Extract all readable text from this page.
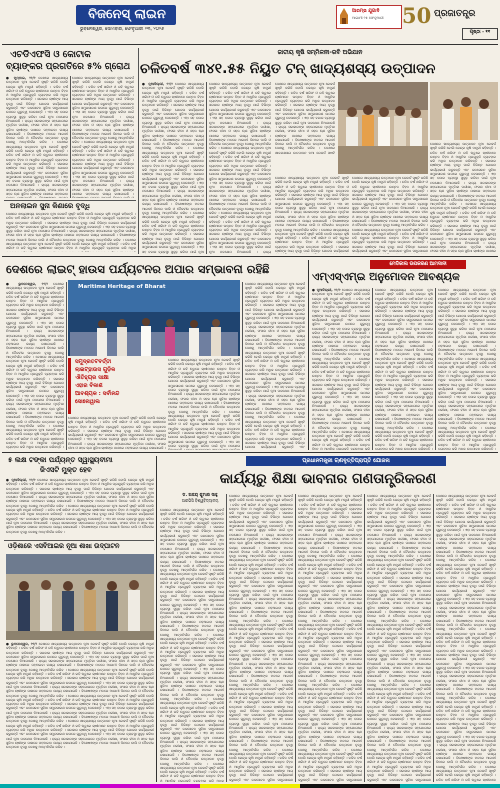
ବିଜନେସ୍ ଲାଇନ
ଭୁବନେଶ୍ୱର, ସୋମବାର, ଫେବୃଆରୀ ୨୩, ୨୦୨୬
ଆରମ୍ଭ ଯୁଗାଦି
ଆଗାମୀ ୨୫ ଫେବୃଆରୀ 50 ପ୍ରଜାତନ୍ତ୍ର
ପୃଷ୍ଠା - ୧୧
ଏଚଡିଏଫସି ଓ କୋଟାକ
ବ୍ୟାଙ୍କର ପ୍ରଗତିରେ ୫% ଗ୍ରୋଥ
● ମୁମ୍ବାଇ, ୨୨/୨ ଦେଶରେ ଖାଦ୍ୟଶସ୍ୟ ଉତ୍ପାଦନ ନୂଆ ରେକର୍ଡ ସୃଷ୍ଟି କରିଛି ବୋଲି କେନ୍ଦ୍ର କୃଷି ମନ୍ତ୍ରୀ କହିଛନ୍ତି । ଚଳିତ ବର୍ଷ ଖରିଫ ଓ ରବି ଋତୁରେ ଚାଷୀମାନେ ଉନ୍ନତ ବିହନ ଓ ଆଧୁନିକ ପ୍ରଯୁକ୍ତି ବ୍ୟବହାର କରି ଅଧିକ ଉତ୍ପାଦନ କରିଛନ୍ତି । ସରକାର ଚାଷୀଙ୍କ ଆୟ ବୃଦ୍ଧି ପାଇଁ ବିଭିନ୍ନ ଯୋଜନା କାର୍ଯ୍ୟକାରୀ କରୁଛନ୍ତି ଏବଂ ଜଳସେଚନ ସୁବିଧା ସମ୍ପ୍ରସାରଣ ଉପରେ ଗୁରୁତ୍ୱ ଦେଉଛନ୍ତି । ଏହା ସହ ବଜାର ବ୍ୟବସ୍ଥା ସୁଦୃଢ଼ କରିବା ପାଇଁ ନୂଆ ପଦକ୍ଷେପ ନିଆଯାଉଛି । ରାଜ୍ୟ ସରକାରଙ୍କ ସହଯୋଗରେ ମୃତ୍ତିକା ପରୀକ୍ଷା, ଫସଲ ବୀମା ଓ ସହଜ ଋଣ ସୁବିଧା ଚାଷୀଙ୍କ ପାଖରେ ପହଞ୍ଚାଇବା ଲକ୍ଷ୍ୟ ରଖାଯାଇଛି । ବିଶେଷଜ୍ଞଙ୍କ ମତରେ ଆଗାମୀ ଦିନରେ ଡାଲି ଓ ତୈଳବୀଜ ଉତ୍ପାଦନ ବୃଦ୍ଧି ଦେଶକୁ ଆତ୍ମନିର୍ଭର କରିବ । ଦେଶରେ ଖାଦ୍ୟଶସ୍ୟ ଉତ୍ପାଦନ ନୂଆ ରେକର୍ଡ ସୃଷ୍ଟି କରିଛି ବୋଲି କେନ୍ଦ୍ର କୃଷି ମନ୍ତ୍ରୀ କହିଛନ୍ତି । ଚଳିତ ବର୍ଷ ଖରିଫ ଓ ରବି ଋତୁରେ ଚାଷୀମାନେ ଉନ୍ନତ ବିହନ ଓ ଆଧୁନିକ ପ୍ରଯୁକ୍ତି ବ୍ୟବହାର କରି ଅଧିକ ଉତ୍ପାଦନ କରିଛନ୍ତି । ସରକାର ଚାଷୀଙ୍କ ଆୟ ବୃଦ୍ଧି ପାଇଁ ବିଭିନ୍ନ ଯୋଜନା କାର୍ଯ୍ୟକାରୀ କରୁଛନ୍ତି ଏବଂ ଜଳସେଚନ ସୁବିଧା ସମ୍ପ୍ରସାରଣ ଉପରେ ଗୁରୁତ୍ୱ ଦେଉଛନ୍ତି । ଏହା ସହ ବଜାର ବ୍ୟବସ୍ଥା ସୁଦୃଢ଼ କରିବା ପାଇଁ ନୂଆ ପଦକ୍ଷେପ ନିଆଯାଉଛି । ରାଜ୍ୟ ସରକାରଙ୍କ ସହଯୋଗରେ ମୃତ୍ତିକା ପରୀକ୍ଷା, ଫସଲ ବୀମା ଓ ସହଜ ଋଣ ସୁବିଧା ଚାଷୀଙ୍କ ପାଖରେ ପହଞ୍ଚାଇବା
ଦେଶରେ ଖାଦ୍ୟଶସ୍ୟ ଉତ୍ପାଦନ ନୂଆ ରେକର୍ଡ ସୃଷ୍ଟି କରିଛି ବୋଲି କେନ୍ଦ୍ର କୃଷି ମନ୍ତ୍ରୀ କହିଛନ୍ତି । ଚଳିତ ବର୍ଷ ଖରିଫ ଓ ରବି ଋତୁରେ ଚାଷୀମାନେ ଉନ୍ନତ ବିହନ ଓ ଆଧୁନିକ ପ୍ରଯୁକ୍ତି ବ୍ୟବହାର କରି ଅଧିକ ଉତ୍ପାଦନ କରିଛନ୍ତି । ସରକାର ଚାଷୀଙ୍କ ଆୟ ବୃଦ୍ଧି ପାଇଁ ବିଭିନ୍ନ ଯୋଜନା କାର୍ଯ୍ୟକାରୀ କରୁଛନ୍ତି ଏବଂ ଜଳସେଚନ ସୁବିଧା ସମ୍ପ୍ରସାରଣ ଉପରେ ଗୁରୁତ୍ୱ ଦେଉଛନ୍ତି । ଏହା ସହ ବଜାର ବ୍ୟବସ୍ଥା ସୁଦୃଢ଼ କରିବା ପାଇଁ ନୂଆ ପଦକ୍ଷେପ ନିଆଯାଉଛି । ରାଜ୍ୟ ସରକାରଙ୍କ ସହଯୋଗରେ ମୃତ୍ତିକା ପରୀକ୍ଷା, ଫସଲ ବୀମା ଓ ସହଜ ଋଣ ସୁବିଧା ଚାଷୀଙ୍କ ପାଖରେ ପହଞ୍ଚାଇବା ଲକ୍ଷ୍ୟ ରଖାଯାଇଛି । ବିଶେଷଜ୍ଞଙ୍କ ମତରେ ଆଗାମୀ ଦିନରେ ଡାଲି ଓ ତୈଳବୀଜ ଉତ୍ପାଦନ ବୃଦ୍ଧି ଦେଶକୁ ଆତ୍ମନିର୍ଭର କରିବ । ଦେଶରେ ଖାଦ୍ୟଶସ୍ୟ ଉତ୍ପାଦନ ନୂଆ ରେକର୍ଡ ସୃଷ୍ଟି କରିଛି ବୋଲି କେନ୍ଦ୍ର କୃଷି ମନ୍ତ୍ରୀ କହିଛନ୍ତି । ଚଳିତ ବର୍ଷ ଖରିଫ ଓ ରବି ଋତୁରେ ଚାଷୀମାନେ ଉନ୍ନତ ବିହନ ଓ ଆଧୁନିକ ପ୍ରଯୁକ୍ତି ବ୍ୟବହାର କରି ଅଧିକ ଉତ୍ପାଦନ କରିଛନ୍ତି । ସରକାର ଚାଷୀଙ୍କ ଆୟ ବୃଦ୍ଧି ପାଇଁ ବିଭିନ୍ନ ଯୋଜନା କାର୍ଯ୍ୟକାରୀ କରୁଛନ୍ତି ଏବଂ ଜଳସେଚନ ସୁବିଧା ସମ୍ପ୍ରସାରଣ ଉପରେ ଗୁରୁତ୍ୱ ଦେଉଛନ୍ତି । ଏହା ସହ ବଜାର ବ୍ୟବସ୍ଥା ସୁଦୃଢ଼ କରିବା ପାଇଁ ନୂଆ ପଦକ୍ଷେପ ନିଆଯାଉଛି । ରାଜ୍ୟ ସରକାରଙ୍କ ସହଯୋଗରେ ମୃତ୍ତିକା ପରୀକ୍ଷା, ଫସଲ ବୀମା ଓ ସହଜ ଋଣ ସୁବିଧା ଚାଷୀଙ୍କ ପାଖରେ ପହଞ୍ଚାଇବା ଲକ୍ଷ୍ୟ ରଖାଯାଇଛି ।
ଅନଲାଇନ ସୁନା କିଣାରେ ବୃଦ୍ଧି
ଦେଶରେ ଖାଦ୍ୟଶସ୍ୟ ଉତ୍ପାଦନ ନୂଆ ରେକର୍ଡ ସୃଷ୍ଟି କରିଛି ବୋଲି କେନ୍ଦ୍ର କୃଷି ମନ୍ତ୍ରୀ କହିଛନ୍ତି । ଚଳିତ ବର୍ଷ ଖରିଫ ଓ ରବି ଋତୁରେ ଚାଷୀମାନେ ଉନ୍ନତ ବିହନ ଓ ଆଧୁନିକ ପ୍ରଯୁକ୍ତି ବ୍ୟବହାର କରି ଅଧିକ ଉତ୍ପାଦନ କରିଛନ୍ତି । ସରକାର ଚାଷୀଙ୍କ ଆୟ ବୃଦ୍ଧି ପାଇଁ ବିଭିନ୍ନ ଯୋଜନା କାର୍ଯ୍ୟକାରୀ କରୁଛନ୍ତି ଏବଂ ଜଳସେଚନ ସୁବିଧା ସମ୍ପ୍ରସାରଣ ଉପରେ ଗୁରୁତ୍ୱ ଦେଉଛନ୍ତି । ଏହା ସହ ବଜାର ବ୍ୟବସ୍ଥା ସୁଦୃଢ଼ କରିବା ପାଇଁ ନୂଆ ପଦକ୍ଷେପ ନିଆଯାଉଛି । ରାଜ୍ୟ ସରକାରଙ୍କ ସହଯୋଗରେ ମୃତ୍ତିକା ପରୀକ୍ଷା, ଫସଲ ବୀମା ଓ ସହଜ ଋଣ ସୁବିଧା ଚାଷୀଙ୍କ ପାଖରେ ପହଞ୍ଚାଇବା ଲକ୍ଷ୍ୟ ରଖାଯାଇଛି । ବିଶେଷଜ୍ଞଙ୍କ ମତରେ ଆଗାମୀ ଦିନରେ ଡାଲି ଓ ତୈଳବୀଜ ଉତ୍ପାଦନ ବୃଦ୍ଧି ଦେଶକୁ ଆତ୍ମନିର୍ଭର କରିବ । ଦେଶରେ ଖାଦ୍ୟଶସ୍ୟ ଉତ୍ପାଦନ ନୂଆ ରେକର୍ଡ ସୃଷ୍ଟି କରିଛି ବୋଲି କେନ୍ଦ୍ର କୃଷି ମନ୍ତ୍ରୀ କହିଛନ୍ତି । ଚଳିତ ବର୍ଷ ଖରିଫ ଓ ରବି ଋତୁରେ ଚାଷୀମାନେ ଉନ୍ନତ ବିହନ ଓ ଆଧୁନିକ ପ୍ରଯୁକ୍ତି ବ୍ୟବହାର କରି ଅଧିକ
ଜାତୀୟ କୃଷି ସମ୍ମିଳନୀ-ରବି ଅଭିଯାନ
ଚଳିତବର୍ଷ ୩୪୧.୫୫ ନିୟୁତ ଟନ୍ ଖାଦ୍ୟଶସ୍ୟ ଉତ୍ପାଦନ
● ନୂଆଦିଲ୍ଲୀ, ୨୨/୨ ଦେଶରେ ଖାଦ୍ୟଶସ୍ୟ ଉତ୍ପାଦନ ନୂଆ ରେକର୍ଡ ସୃଷ୍ଟି କରିଛି ବୋଲି କେନ୍ଦ୍ର କୃଷି ମନ୍ତ୍ରୀ କହିଛନ୍ତି । ଚଳିତ ବର୍ଷ ଖରିଫ ଓ ରବି ଋତୁରେ ଚାଷୀମାନେ ଉନ୍ନତ ବିହନ ଓ ଆଧୁନିକ ପ୍ରଯୁକ୍ତି ବ୍ୟବହାର କରି ଅଧିକ ଉତ୍ପାଦନ କରିଛନ୍ତି । ସରକାର ଚାଷୀଙ୍କ ଆୟ ବୃଦ୍ଧି ପାଇଁ ବିଭିନ୍ନ ଯୋଜନା କାର୍ଯ୍ୟକାରୀ କରୁଛନ୍ତି ଏବଂ ଜଳସେଚନ ସୁବିଧା ସମ୍ପ୍ରସାରଣ ଉପରେ ଗୁରୁତ୍ୱ ଦେଉଛନ୍ତି । ଏହା ସହ ବଜାର ବ୍ୟବସ୍ଥା ସୁଦୃଢ଼ କରିବା ପାଇଁ ନୂଆ ପଦକ୍ଷେପ ନିଆଯାଉଛି । ରାଜ୍ୟ ସରକାରଙ୍କ ସହଯୋଗରେ ମୃତ୍ତିକା ପରୀକ୍ଷା, ଫସଲ ବୀମା ଓ ସହଜ ଋଣ ସୁବିଧା ଚାଷୀଙ୍କ ପାଖରେ ପହଞ୍ଚାଇବା ଲକ୍ଷ୍ୟ ରଖାଯାଇଛି । ବିଶେଷଜ୍ଞଙ୍କ ମତରେ ଆଗାମୀ ଦିନରେ ଡାଲି ଓ ତୈଳବୀଜ ଉତ୍ପାଦନ ବୃଦ୍ଧି ଦେଶକୁ ଆତ୍ମନିର୍ଭର କରିବ । ଦେଶରେ ଖାଦ୍ୟଶସ୍ୟ ଉତ୍ପାଦନ ନୂଆ ରେକର୍ଡ ସୃଷ୍ଟି କରିଛି ବୋଲି କେନ୍ଦ୍ର କୃଷି ମନ୍ତ୍ରୀ କହିଛନ୍ତି । ଚଳିତ ବର୍ଷ ଖରିଫ ଓ ରବି ଋତୁରେ ଚାଷୀମାନେ ଉନ୍ନତ ବିହନ ଓ ଆଧୁନିକ ପ୍ରଯୁକ୍ତି ବ୍ୟବହାର କରି ଅଧିକ ଉତ୍ପାଦନ କରିଛନ୍ତି । ସରକାର ଚାଷୀଙ୍କ ଆୟ ବୃଦ୍ଧି ପାଇଁ ବିଭିନ୍ନ ଯୋଜନା କାର୍ଯ୍ୟକାରୀ କରୁଛନ୍ତି ଏବଂ ଜଳସେଚନ ସୁବିଧା ସମ୍ପ୍ରସାରଣ ଉପରେ ଗୁରୁତ୍ୱ ଦେଉଛନ୍ତି । ଏହା ସହ ବଜାର ବ୍ୟବସ୍ଥା ସୁଦୃଢ଼ କରିବା ପାଇଁ ନୂଆ ପଦକ୍ଷେପ ନିଆଯାଉଛି । ରାଜ୍ୟ ସରକାରଙ୍କ ସହଯୋଗରେ ମୃତ୍ତିକା ପରୀକ୍ଷା, ଫସଲ ବୀମା ଓ ସହଜ ଋଣ ସୁବିଧା ଚାଷୀଙ୍କ ପାଖରେ ପହଞ୍ଚାଇବା ଲକ୍ଷ୍ୟ ରଖାଯାଇଛି । ବିଶେଷଜ୍ଞଙ୍କ ମତରେ ଆଗାମୀ ଦିନରେ ଡାଲି ଓ ତୈଳବୀଜ ଉତ୍ପାଦନ ବୃଦ୍ଧି ଦେଶକୁ ଆତ୍ମନିର୍ଭର କରିବ । ଦେଶରେ ଖାଦ୍ୟଶସ୍ୟ ଉତ୍ପାଦନ ନୂଆ ରେକର୍ଡ ସୃଷ୍ଟି କରିଛି ବୋଲି କେନ୍ଦ୍ର କୃଷି ମନ୍ତ୍ରୀ କହିଛନ୍ତି । ଚଳିତ ବର୍ଷ ଖରିଫ ଓ ରବି ଋତୁରେ ଚାଷୀମାନେ ଉନ୍ନତ ବିହନ ଓ ଆଧୁନିକ ପ୍ରଯୁକ୍ତି ବ୍ୟବହାର କରି ଅଧିକ ଉତ୍ପାଦନ କରିଛନ୍ତି । ସରକାର ଚାଷୀଙ୍କ ଆୟ ବୃଦ୍ଧି ପାଇଁ ବିଭିନ୍ନ ଯୋଜନା କାର୍ଯ୍ୟକାରୀ କରୁଛନ୍ତି ଏବଂ ଜଳସେଚନ ସୁବିଧା ସମ୍ପ୍ରସାରଣ ଉପରେ ଗୁରୁତ୍ୱ ଦେଉଛନ୍ତି । ଏହା ସହ ବଜାର ବ୍ୟବସ୍ଥା ସୁଦୃଢ଼ କରିବା ପାଇଁ ନୂଆ
ଦେଶରେ ଖାଦ୍ୟଶସ୍ୟ ଉତ୍ପାଦନ ନୂଆ ରେକର୍ଡ ସୃଷ୍ଟି କରିଛି ବୋଲି କେନ୍ଦ୍ର କୃଷି ମନ୍ତ୍ରୀ କହିଛନ୍ତି । ଚଳିତ ବର୍ଷ ଖରିଫ ଓ ରବି ଋତୁରେ ଚାଷୀମାନେ ଉନ୍ନତ ବିହନ ଓ ଆଧୁନିକ ପ୍ରଯୁକ୍ତି ବ୍ୟବହାର କରି ଅଧିକ ଉତ୍ପାଦନ କରିଛନ୍ତି । ସରକାର ଚାଷୀଙ୍କ ଆୟ ବୃଦ୍ଧି ପାଇଁ ବିଭିନ୍ନ ଯୋଜନା କାର୍ଯ୍ୟକାରୀ କରୁଛନ୍ତି ଏବଂ ଜଳସେଚନ ସୁବିଧା ସମ୍ପ୍ରସାରଣ ଉପରେ ଗୁରୁତ୍ୱ ଦେଉଛନ୍ତି । ଏହା ସହ ବଜାର ବ୍ୟବସ୍ଥା ସୁଦୃଢ଼ କରିବା ପାଇଁ ନୂଆ ପଦକ୍ଷେପ ନିଆଯାଉଛି । ରାଜ୍ୟ ସରକାରଙ୍କ ସହଯୋଗରେ ମୃତ୍ତିକା ପରୀକ୍ଷା, ଫସଲ ବୀମା ଓ ସହଜ ଋଣ ସୁବିଧା ଚାଷୀଙ୍କ ପାଖରେ ପହଞ୍ଚାଇବା ଲକ୍ଷ୍ୟ ରଖାଯାଇଛି । ବିଶେଷଜ୍ଞଙ୍କ ମତରେ ଆଗାମୀ ଦିନରେ ଡାଲି ଓ ତୈଳବୀଜ ଉତ୍ପାଦନ ବୃଦ୍ଧି ଦେଶକୁ ଆତ୍ମନିର୍ଭର କରିବ । ଦେଶରେ ଖାଦ୍ୟଶସ୍ୟ ଉତ୍ପାଦନ ନୂଆ ରେକର୍ଡ ସୃଷ୍ଟି କରିଛି ବୋଲି କେନ୍ଦ୍ର କୃଷି ମନ୍ତ୍ରୀ କହିଛନ୍ତି । ଚଳିତ ବର୍ଷ ଖରିଫ ଓ ରବି ଋତୁରେ ଚାଷୀମାନେ ଉନ୍ନତ ବିହନ ଓ ଆଧୁନିକ ପ୍ରଯୁକ୍ତି ବ୍ୟବହାର କରି ଅଧିକ ଉତ୍ପାଦନ କରିଛନ୍ତି । ସରକାର ଚାଷୀଙ୍କ ଆୟ ବୃଦ୍ଧି ପାଇଁ ବିଭିନ୍ନ ଯୋଜନା କାର୍ଯ୍ୟକାରୀ କରୁଛନ୍ତି ଏବଂ ଜଳସେଚନ ସୁବିଧା ସମ୍ପ୍ରସାରଣ ଉପରେ ଗୁରୁତ୍ୱ ଦେଉଛନ୍ତି । ଏହା ସହ ବଜାର ବ୍ୟବସ୍ଥା ସୁଦୃଢ଼ କରିବା ପାଇଁ ନୂଆ ପଦକ୍ଷେପ ନିଆଯାଉଛି । ରାଜ୍ୟ ସରକାରଙ୍କ ସହଯୋଗରେ ମୃତ୍ତିକା ପରୀକ୍ଷା, ଫସଲ ବୀମା ଓ ସହଜ ଋଣ ସୁବିଧା ଚାଷୀଙ୍କ ପାଖରେ ପହଞ୍ଚାଇବା ଲକ୍ଷ୍ୟ ରଖାଯାଇଛି । ବିଶେଷଜ୍ଞଙ୍କ ମତରେ ଆଗାମୀ ଦିନରେ ଡାଲି ଓ ତୈଳବୀଜ ଉତ୍ପାଦନ ବୃଦ୍ଧି ଦେଶକୁ ଆତ୍ମନିର୍ଭର କରିବ । ଦେଶରେ ଖାଦ୍ୟଶସ୍ୟ ଉତ୍ପାଦନ ନୂଆ ରେକର୍ଡ ସୃଷ୍ଟି କରିଛି ବୋଲି କେନ୍ଦ୍ର କୃଷି ମନ୍ତ୍ରୀ କହିଛନ୍ତି । ଚଳିତ ବର୍ଷ ଖରିଫ ଓ ରବି ଋତୁରେ ଚାଷୀମାନେ ଉନ୍ନତ ବିହନ ଓ ଆଧୁନିକ ପ୍ରଯୁକ୍ତି ବ୍ୟବହାର କରି ଅଧିକ ଉତ୍ପାଦନ କରିଛନ୍ତି । ସରକାର ଚାଷୀଙ୍କ ଆୟ ବୃଦ୍ଧି ପାଇଁ ବିଭିନ୍ନ ଯୋଜନା କାର୍ଯ୍ୟକାରୀ କରୁଛନ୍ତି ଏବଂ ଜଳସେଚନ ସୁବିଧା ସମ୍ପ୍ରସାରଣ ଉପରେ ଗୁରୁତ୍ୱ ଦେଉଛନ୍ତି । ଏହା ସହ ବଜାର ବ୍ୟବସ୍ଥା ସୁଦୃଢ଼ କରିବା ପାଇଁ ନୂଆ ପଦକ୍ଷେପ ନିଆଯାଉଛି । ରାଜ୍ୟ
ଦେଶରେ ଖାଦ୍ୟଶସ୍ୟ ଉତ୍ପାଦନ ନୂଆ ରେକର୍ଡ ସୃଷ୍ଟି କରିଛି ବୋଲି କେନ୍ଦ୍ର କୃଷି ମନ୍ତ୍ରୀ କହିଛନ୍ତି । ଚଳିତ ବର୍ଷ ଖରିଫ ଓ ରବି ଋତୁରେ ଚାଷୀମାନେ ଉନ୍ନତ ବିହନ ଓ ଆଧୁନିକ ପ୍ରଯୁକ୍ତି ବ୍ୟବହାର କରି ଅଧିକ ଉତ୍ପାଦନ କରିଛନ୍ତି । ସରକାର ଚାଷୀଙ୍କ ଆୟ ବୃଦ୍ଧି ପାଇଁ ବିଭିନ୍ନ ଯୋଜନା କାର୍ଯ୍ୟକାରୀ କରୁଛନ୍ତି ଏବଂ ଜଳସେଚନ ସୁବିଧା ସମ୍ପ୍ରସାରଣ ଉପରେ ଗୁରୁତ୍ୱ ଦେଉଛନ୍ତି । ଏହା ସହ ବଜାର ବ୍ୟବସ୍ଥା ସୁଦୃଢ଼ କରିବା ପାଇଁ ନୂଆ ପଦକ୍ଷେପ ନିଆଯାଉଛି । ରାଜ୍ୟ ସରକାରଙ୍କ ସହଯୋଗରେ ମୃତ୍ତିକା ପରୀକ୍ଷା, ଫସଲ ବୀମା ଓ ସହଜ ଋଣ ସୁବିଧା ଚାଷୀଙ୍କ ପାଖରେ ପହଞ୍ଚାଇବା ଲକ୍ଷ୍ୟ ରଖାଯାଇଛି । ବିଶେଷଜ୍ଞଙ୍କ ମତରେ ଆଗାମୀ ଦିନରେ ଡାଲି ଓ ତୈଳବୀଜ ଉତ୍ପାଦନ ବୃଦ୍ଧି ଦେଶକୁ ଆତ୍ମନିର୍ଭର କରିବ । ଦେଶରେ ଖାଦ୍ୟଶସ୍ୟ ଉତ୍ପାଦନ ନୂଆ ରେକର୍ଡ ସୃଷ୍ଟି
ଦେଶରେ ଖାଦ୍ୟଶସ୍ୟ ଉତ୍ପାଦନ ନୂଆ ରେକର୍ଡ ସୃଷ୍ଟି କରିଛି ବୋଲି କେନ୍ଦ୍ର କୃଷି ମନ୍ତ୍ରୀ କହିଛନ୍ତି । ଚଳିତ ବର୍ଷ ଖରିଫ ଓ ରବି ଋତୁରେ ଚାଷୀମାନେ ଉନ୍ନତ ବିହନ ଓ ଆଧୁନିକ ପ୍ରଯୁକ୍ତି ବ୍ୟବହାର କରି ଅଧିକ ଉତ୍ପାଦନ କରିଛନ୍ତି । ସରକାର ଚାଷୀଙ୍କ ଆୟ ବୃଦ୍ଧି ପାଇଁ ବିଭିନ୍ନ ଯୋଜନା କାର୍ଯ୍ୟକାରୀ କରୁଛନ୍ତି ଏବଂ ଜଳସେଚନ ସୁବିଧା ସମ୍ପ୍ରସାରଣ ଉପରେ ଗୁରୁତ୍ୱ ଦେଉଛନ୍ତି । ଏହା ସହ ବଜାର ବ୍ୟବସ୍ଥା ସୁଦୃଢ଼ କରିବା ପାଇଁ ନୂଆ ପଦକ୍ଷେପ ନିଆଯାଉଛି । ରାଜ୍ୟ ସରକାରଙ୍କ ସହଯୋଗରେ ମୃତ୍ତିକା ପରୀକ୍ଷା, ଫସଲ ବୀମା ଓ ସହଜ ଋଣ ସୁବିଧା ଚାଷୀଙ୍କ ପାଖରେ ପହଞ୍ଚାଇବା ଲକ୍ଷ୍ୟ ରଖାଯାଇଛି । ବିଶେଷଜ୍ଞଙ୍କ ମତରେ ଆଗାମୀ ଦିନରେ ଡାଲି ଓ ତୈଳବୀଜ ଉତ୍ପାଦନ ବୃଦ୍ଧି ଦେଶକୁ ଆତ୍ମନିର୍ଭର କରିବ । ଦେଶରେ ଖାଦ୍ୟଶସ୍ୟ ଉତ୍ପାଦନ ନୂଆ ରେକର୍ଡ ସୃଷ୍ଟି କରିଛି ବୋଲି କେନ୍ଦ୍ର କୃଷି ମନ୍ତ୍ରୀ କହିଛନ୍ତି । ଚଳିତ ବର୍ଷ ଖରିଫ ଓ ରବି ଋତୁରେ ଚାଷୀମାନେ ଉନ୍ନତ ବିହନ ଓ ଆଧୁନିକ ପ୍ରଯୁକ୍ତି ବ୍ୟବହାର କରି ଅଧିକ ଉତ୍ପାଦନ କରିଛନ୍ତି । ସରକାର ଚାଷୀଙ୍କ ଆୟ ବୃଦ୍ଧି ପାଇଁ ବିଭିନ୍ନ ଯୋଜନା କାର୍ଯ୍ୟକାରୀ କରୁଛନ୍ତି ଏବଂ ଜଳସେଚନ ସୁବିଧା ସମ୍ପ୍ରସାରଣ ଉପରେ ଗୁରୁତ୍ୱ ଦେଉଛନ୍ତି । ଏହା ସହ ବଜାର ବ୍ୟବସ୍ଥା ସୁଦୃଢ଼ କରିବା ପାଇଁ ନୂଆ ପଦକ୍ଷେପ ନିଆଯାଉଛି । ରାଜ୍ୟ ସରକାରଙ୍କ ସହଯୋଗରେ ମୃତ୍ତିକା ପରୀକ୍ଷା, ଫସଲ ବୀମା ଓ ସହଜ ଋଣ ସୁବିଧା ଚାଷୀଙ୍କ ପାଖରେ
ଦେଶରେ ଖାଦ୍ୟଶସ୍ୟ ଉତ୍ପାଦନ ନୂଆ ରେକର୍ଡ ସୃଷ୍ଟି କରିଛି ବୋଲି କେନ୍ଦ୍ର କୃଷି ମନ୍ତ୍ରୀ କହିଛନ୍ତି । ଚଳିତ ବର୍ଷ ଖରିଫ ଓ ରବି ଋତୁରେ ଚାଷୀମାନେ ଉନ୍ନତ ବିହନ ଓ ଆଧୁନିକ ପ୍ରଯୁକ୍ତି ବ୍ୟବହାର କରି ଅଧିକ ଉତ୍ପାଦନ କରିଛନ୍ତି । ସରକାର ଚାଷୀଙ୍କ ଆୟ ବୃଦ୍ଧି ପାଇଁ ବିଭିନ୍ନ ଯୋଜନା କାର୍ଯ୍ୟକାରୀ କରୁଛନ୍ତି ଏବଂ ଜଳସେଚନ ସୁବିଧା ସମ୍ପ୍ରସାରଣ ଉପରେ ଗୁରୁତ୍ୱ ଦେଉଛନ୍ତି । ଏହା ସହ ବଜାର ବ୍ୟବସ୍ଥା ସୁଦୃଢ଼ କରିବା ପାଇଁ ନୂଆ ପଦକ୍ଷେପ ନିଆଯାଉଛି । ରାଜ୍ୟ ସରକାରଙ୍କ ସହଯୋଗରେ ମୃତ୍ତିକା ପରୀକ୍ଷା, ଫସଲ ବୀମା ଓ ସହଜ ଋଣ ସୁବିଧା ଚାଷୀଙ୍କ ପାଖରେ ପହଞ୍ଚାଇବା ଲକ୍ଷ୍ୟ ରଖାଯାଇଛି । ବିଶେଷଜ୍ଞଙ୍କ ମତରେ ଆଗାମୀ ଦିନରେ ଡାଲି ଓ ତୈଳବୀଜ ଉତ୍ପାଦନ ବୃଦ୍ଧି ଦେଶକୁ ଆତ୍ମନିର୍ଭର କରିବ । ଦେଶରେ ଖାଦ୍ୟଶସ୍ୟ ଉତ୍ପାଦନ ନୂଆ ରେକର୍ଡ ସୃଷ୍ଟି କରିଛି ବୋଲି କେନ୍ଦ୍ର କୃଷି ମନ୍ତ୍ରୀ କହିଛନ୍ତି । ଚଳିତ ବର୍ଷ ଖରିଫ ଓ ରବି ଋତୁରେ ଚାଷୀମାନେ ଉନ୍ନତ ବିହନ ଓ ଆଧୁନିକ ପ୍ରଯୁକ୍ତି ବ୍ୟବହାର କରି ଅଧିକ ଉତ୍ପାଦନ କରିଛନ୍ତି । ସରକାର ଚାଷୀଙ୍କ ଆୟ ବୃଦ୍ଧି ପାଇଁ ବିଭିନ୍ନ ଯୋଜନା କାର୍ଯ୍ୟକାରୀ
ଦେଶରେ ଖାଦ୍ୟଶସ୍ୟ ଉତ୍ପାଦନ ନୂଆ ରେକର୍ଡ ସୃଷ୍ଟି କରିଛି ବୋଲି କେନ୍ଦ୍ର କୃଷି ମନ୍ତ୍ରୀ କହିଛନ୍ତି । ଚଳିତ ବର୍ଷ ଖରିଫ ଓ ରବି ଋତୁରେ ଚାଷୀମାନେ ଉନ୍ନତ ବିହନ ଓ ଆଧୁନିକ ପ୍ରଯୁକ୍ତି ବ୍ୟବହାର କରି ଅଧିକ ଉତ୍ପାଦନ କରିଛନ୍ତି । ସରକାର ଚାଷୀଙ୍କ ଆୟ ବୃଦ୍ଧି ପାଇଁ ବିଭିନ୍ନ ଯୋଜନା କାର୍ଯ୍ୟକାରୀ କରୁଛନ୍ତି ଏବଂ ଜଳସେଚନ ସୁବିଧା ସମ୍ପ୍ରସାରଣ ଉପରେ ଗୁରୁତ୍ୱ ଦେଉଛନ୍ତି । ଏହା ସହ ବଜାର ବ୍ୟବସ୍ଥା ସୁଦୃଢ଼ କରିବା ପାଇଁ ନୂଆ ପଦକ୍ଷେପ ନିଆଯାଉଛି । ରାଜ୍ୟ ସରକାରଙ୍କ ସହଯୋଗରେ ମୃତ୍ତିକା ପରୀକ୍ଷା, ଫସଲ ବୀମା ଓ ସହଜ ଋଣ ସୁବିଧା ଚାଷୀଙ୍କ ପାଖରେ ପହଞ୍ଚାଇବା ଲକ୍ଷ୍ୟ ରଖାଯାଇଛି । ବିଶେଷଜ୍ଞଙ୍କ ମତରେ ଆଗାମୀ ଦିନରେ ଡାଲି ଓ ତୈଳବୀଜ ଉତ୍ପାଦନ ବୃଦ୍ଧି ଦେଶକୁ ଆତ୍ମନିର୍ଭର କରିବ । ଦେଶରେ ଖାଦ୍ୟଶସ୍ୟ ଉତ୍ପାଦନ ନୂଆ ରେକର୍ଡ ସୃଷ୍ଟି କରିଛି ବୋଲି କେନ୍ଦ୍ର କୃଷି ମନ୍ତ୍ରୀ କହିଛନ୍ତି । ଚଳିତ ବର୍ଷ ଖରିଫ ଓ ରବି ଋତୁରେ ଚାଷୀମାନେ ଉନ୍ନତ ବିହନ ଓ ଆଧୁନିକ ପ୍ରଯୁକ୍ତି ବ୍ୟବହାର କରି ଅଧିକ ଉତ୍ପାଦନ କରିଛନ୍ତି । ସରକାର ଚାଷୀଙ୍କ ଆୟ ବୃଦ୍ଧି ପାଇଁ ବିଭିନ୍ନ ଯୋଜନା କାର୍ଯ୍ୟକାରୀ କରୁଛନ୍ତି ଏବଂ ଜଳସେଚନ ସୁବିଧା ସମ୍ପ୍ରସାରଣ
ଦେଶରେ ଲାଇଟ୍ ହାଉସ ପର୍ଯ୍ୟଟନର ଅପାର ସମ୍ଭାବନା ରହିଛି
● ଭୁବନେଶ୍ୱର, ୨୨/୨ ଦେଶରେ ଖାଦ୍ୟଶସ୍ୟ ଉତ୍ପାଦନ ନୂଆ ରେକର୍ଡ ସୃଷ୍ଟି କରିଛି ବୋଲି କେନ୍ଦ୍ର କୃଷି ମନ୍ତ୍ରୀ କହିଛନ୍ତି । ଚଳିତ ବର୍ଷ ଖରିଫ ଓ ରବି ଋତୁରେ ଚାଷୀମାନେ ଉନ୍ନତ ବିହନ ଓ ଆଧୁନିକ ପ୍ରଯୁକ୍ତି ବ୍ୟବହାର କରି ଅଧିକ ଉତ୍ପାଦନ କରିଛନ୍ତି । ସରକାର ଚାଷୀଙ୍କ ଆୟ ବୃଦ୍ଧି ପାଇଁ ବିଭିନ୍ନ ଯୋଜନା କାର୍ଯ୍ୟକାରୀ କରୁଛନ୍ତି ଏବଂ ଜଳସେଚନ ସୁବିଧା ସମ୍ପ୍ରସାରଣ ଉପରେ ଗୁରୁତ୍ୱ ଦେଉଛନ୍ତି । ଏହା ସହ ବଜାର ବ୍ୟବସ୍ଥା ସୁଦୃଢ଼ କରିବା ପାଇଁ ନୂଆ ପଦକ୍ଷେପ ନିଆଯାଉଛି । ରାଜ୍ୟ ସରକାରଙ୍କ ସହଯୋଗରେ ମୃତ୍ତିକା ପରୀକ୍ଷା, ଫସଲ ବୀମା ଓ ସହଜ ଋଣ ସୁବିଧା ଚାଷୀଙ୍କ ପାଖରେ ପହଞ୍ଚାଇବା ଲକ୍ଷ୍ୟ ରଖାଯାଇଛି । ବିଶେଷଜ୍ଞଙ୍କ ମତରେ ଆଗାମୀ ଦିନରେ ଡାଲି ଓ ତୈଳବୀଜ ଉତ୍ପାଦନ ବୃଦ୍ଧି ଦେଶକୁ ଆତ୍ମନିର୍ଭର କରିବ । ଦେଶରେ ଖାଦ୍ୟଶସ୍ୟ ଉତ୍ପାଦନ ନୂଆ ରେକର୍ଡ ସୃଷ୍ଟି କରିଛି ବୋଲି କେନ୍ଦ୍ର କୃଷି ମନ୍ତ୍ରୀ କହିଛନ୍ତି । ଚଳିତ ବର୍ଷ ଖରିଫ ଓ ରବି ଋତୁରେ ଚାଷୀମାନେ ଉନ୍ନତ ବିହନ ଓ ଆଧୁନିକ ପ୍ରଯୁକ୍ତି ବ୍ୟବହାର କରି ଅଧିକ ଉତ୍ପାଦନ କରିଛନ୍ତି । ସରକାର ଚାଷୀଙ୍କ ଆୟ ବୃଦ୍ଧି ପାଇଁ ବିଭିନ୍ନ ଯୋଜନା କାର୍ଯ୍ୟକାରୀ କରୁଛନ୍ତି ଏବଂ ଜଳସେଚନ ସୁବିଧା ସମ୍ପ୍ରସାରଣ ଉପରେ ଗୁରୁତ୍ୱ ଦେଉଛନ୍ତି । ଏହା ସହ ବଜାର ବ୍ୟବସ୍ଥା ସୁଦୃଢ଼ କରିବା ପାଇଁ ନୂଆ ପଦକ୍ଷେପ ନିଆଯାଉଛି । ରାଜ୍ୟ ସରକାରଙ୍କ ସହଯୋଗରେ ମୃତ୍ତିକା ପରୀକ୍ଷା, ଫସଲ ବୀମା ଓ ସହଜ ଋଣ ସୁବିଧା ଚାଷୀଙ୍କ ପାଖରେ ପହଞ୍ଚାଇବା ଲକ୍ଷ୍ୟ ରଖାଯାଇଛି । ବିଶେଷଜ୍ଞଙ୍କ ମତରେ ଆଗାମୀ ଦିନରେ ଡାଲି ଓ ତୈଳବୀଜ ଉତ୍ପାଦନ ବୃଦ୍ଧି ଦେଶକୁ ଆତ୍ମନିର୍ଭର କରିବ । ଦେଶରେ ଖାଦ୍ୟଶସ୍ୟ ଉତ୍ପାଦନ ନୂଆ ରେକର୍ଡ ସୃଷ୍ଟି କରିଛି ବୋଲି କେନ୍ଦ୍ର କୃଷି ମନ୍ତ୍ରୀ କହିଛନ୍ତି । ଚଳିତ ବର୍ଷ ଖରିଫ ଓ ରବି ଋତୁରେ ଚାଷୀମାନେ ଉନ୍ନତ ବିହନ ଓ ଆଧୁନିକ ପ୍ରଯୁକ୍ତି ବ୍ୟବହାର କରି ଅଧିକ ଉତ୍ପାଦନ କରିଛନ୍ତି ।
Maritime Heritage of Bharat
ସମୁଦ୍ରତଟବର୍ତ୍ତୀ
ଲାଇଟ୍‌ହାଉସ ଗୁଡ଼ିକ
ଐତିହ୍ୟର ସାକ୍ଷୀ
ଏହାର ବିକାଶ
ଆବଶ୍ୟକ : ସର୍ବାନନ୍ଦ
ସୋନୋୱାଲ
ଦେଶରେ ଖାଦ୍ୟଶସ୍ୟ ଉତ୍ପାଦନ ନୂଆ ରେକର୍ଡ ସୃଷ୍ଟି କରିଛି ବୋଲି କେନ୍ଦ୍ର କୃଷି ମନ୍ତ୍ରୀ କହିଛନ୍ତି । ଚଳିତ ବର୍ଷ ଖରିଫ ଓ ରବି ଋତୁରେ ଚାଷୀମାନେ ଉନ୍ନତ ବିହନ ଓ ଆଧୁନିକ ପ୍ରଯୁକ୍ତି ବ୍ୟବହାର କରି ଅଧିକ ଉତ୍ପାଦନ କରିଛନ୍ତି । ସରକାର ଚାଷୀଙ୍କ ଆୟ ବୃଦ୍ଧି ପାଇଁ ବିଭିନ୍ନ ଯୋଜନା କାର୍ଯ୍ୟକାରୀ କରୁଛନ୍ତି ଏବଂ ଜଳସେଚନ ସୁବିଧା ସମ୍ପ୍ରସାରଣ ଉପରେ ଗୁରୁତ୍ୱ ଦେଉଛନ୍ତି । ଏହା ସହ ବଜାର ବ୍ୟବସ୍ଥା ସୁଦୃଢ଼ କରିବା ପାଇଁ ନୂଆ ପଦକ୍ଷେପ ନିଆଯାଉଛି । ରାଜ୍ୟ ସରକାରଙ୍କ ସହଯୋଗରେ ମୃତ୍ତିକା ପରୀକ୍ଷା, ଫସଲ ବୀମା ଓ ସହଜ ଋଣ ସୁବିଧା ଚାଷୀଙ୍କ ପାଖରେ ପହଞ୍ଚାଇବା ଲକ୍ଷ୍ୟ ରଖାଯାଇଛି । ବିଶେଷଜ୍ଞଙ୍କ ମତରେ ଆଗାମୀ ଦିନରେ ଡାଲି ଓ ତୈଳବୀଜ ଉତ୍ପାଦନ ବୃଦ୍ଧି ଦେଶକୁ ଆତ୍ମନିର୍ଭର କରିବ । ଦେଶରେ ଖାଦ୍ୟଶସ୍ୟ ଉତ୍ପାଦନ ନୂଆ ରେକର୍ଡ ସୃଷ୍ଟି କରିଛି ବୋଲି କେନ୍ଦ୍ର କୃଷି ମନ୍ତ୍ରୀ କହିଛନ୍ତି । ଚଳିତ ବର୍ଷ ଖରିଫ ଓ ରବି ଋତୁରେ ଚାଷୀମାନେ ଉନ୍ନତ ବିହନ ଓ ଆଧୁନିକ ପ୍ରଯୁକ୍ତି ବ୍ୟବହାର କରି ଅଧିକ ଉତ୍ପାଦନ କରିଛନ୍ତି । ସରକାର ଚାଷୀଙ୍କ ଆୟ ବୃଦ୍ଧି ପାଇଁ ବିଭିନ୍ନ ଯୋଜନା କାର୍ଯ୍ୟକାରୀ କରୁଛନ୍ତି ଏବଂ ଜଳସେଚନ ସୁବିଧା ସମ୍ପ୍ରସାରଣ ଉପରେ ଗୁରୁତ୍ୱ ଦେଉଛନ୍ତି । ଏହା ସହ ବଜାର ବ୍ୟବସ୍ଥା ସୁଦୃଢ଼ କରିବା ପାଇଁ ନୂଆ ପଦକ୍ଷେପ
ଦେଶରେ ଖାଦ୍ୟଶସ୍ୟ ଉତ୍ପାଦନ ନୂଆ ରେକର୍ଡ ସୃଷ୍ଟି କରିଛି ବୋଲି କେନ୍ଦ୍ର କୃଷି ମନ୍ତ୍ରୀ କହିଛନ୍ତି । ଚଳିତ ବର୍ଷ ଖରିଫ ଓ ରବି ଋତୁରେ ଚାଷୀମାନେ ଉନ୍ନତ ବିହନ ଓ ଆଧୁନିକ ପ୍ରଯୁକ୍ତି ବ୍ୟବହାର କରି ଅଧିକ ଉତ୍ପାଦନ କରିଛନ୍ତି । ସରକାର ଚାଷୀଙ୍କ ଆୟ ବୃଦ୍ଧି ପାଇଁ ବିଭିନ୍ନ ଯୋଜନା କାର୍ଯ୍ୟକାରୀ କରୁଛନ୍ତି ଏବଂ ଜଳସେଚନ ସୁବିଧା ସମ୍ପ୍ରସାରଣ ଉପରେ ଗୁରୁତ୍ୱ ଦେଉଛନ୍ତି । ଏହା ସହ ବଜାର ବ୍ୟବସ୍ଥା ସୁଦୃଢ଼ କରିବା ପାଇଁ ନୂଆ ପଦକ୍ଷେପ ନିଆଯାଉଛି । ରାଜ୍ୟ ସରକାରଙ୍କ ସହଯୋଗରେ ମୃତ୍ତିକା ପରୀକ୍ଷା, ଫସଲ ବୀମା ଓ ସହଜ ଋଣ ସୁବିଧା ଚାଷୀଙ୍କ ପାଖରେ ପହଞ୍ଚାଇବା ଲକ୍ଷ୍ୟ ରଖାଯାଇଛି ।
ଦେଶରେ ଖାଦ୍ୟଶସ୍ୟ ଉତ୍ପାଦନ ନୂଆ ରେକର୍ଡ ସୃଷ୍ଟି କରିଛି ବୋଲି କେନ୍ଦ୍ର କୃଷି ମନ୍ତ୍ରୀ କହିଛନ୍ତି । ଚଳିତ ବର୍ଷ ଖରିଫ ଓ ରବି ଋତୁରେ ଚାଷୀମାନେ ଉନ୍ନତ ବିହନ ଓ ଆଧୁନିକ ପ୍ରଯୁକ୍ତି ବ୍ୟବହାର କରି ଅଧିକ ଉତ୍ପାଦନ କରିଛନ୍ତି । ସରକାର ଚାଷୀଙ୍କ ଆୟ ବୃଦ୍ଧି ପାଇଁ ବିଭିନ୍ନ ଯୋଜନା କାର୍ଯ୍ୟକାରୀ କରୁଛନ୍ତି ଏବଂ ଜଳସେଚନ ସୁବିଧା ସମ୍ପ୍ରସାରଣ ଉପରେ ଗୁରୁତ୍ୱ ଦେଉଛନ୍ତି । ଏହା ସହ ବଜାର ବ୍ୟବସ୍ଥା ସୁଦୃଢ଼ କରିବା ପାଇଁ ନୂଆ ପଦକ୍ଷେପ ନିଆଯାଉଛି । ରାଜ୍ୟ ସରକାରଙ୍କ ସହଯୋଗରେ ମୃତ୍ତିକା ପରୀକ୍ଷା, ଫସଲ ବୀମା ଓ ସହଜ ଋଣ ସୁବିଧା ଚାଷୀଙ୍କ ପାଖରେ ପହଞ୍ଚାଇବା ଲକ୍ଷ୍ୟ ରଖାଯାଇଛି । ବିଶେଷଜ୍ଞଙ୍କ ମତରେ ଆଗାମୀ ଦିନରେ ଡାଲି ଓ ତୈଳବୀଜ ଉତ୍ପାଦନ ବୃଦ୍ଧି ଦେଶକୁ ଆତ୍ମନିର୍ଭର କରିବ । ଦେଶରେ ଖାଦ୍ୟଶସ୍ୟ ଉତ୍ପାଦନ ନୂଆ ରେକର୍ଡ ସୃଷ୍ଟି କରିଛି ବୋଲି କେନ୍ଦ୍ର କୃଷି ମନ୍ତ୍ରୀ କହିଛନ୍ତି । ଚଳିତ ବର୍ଷ ଖରିଫ ଓ ରବି ଋତୁରେ ଚାଷୀମାନେ ଉନ୍ନତ ବିହନ ଓ ଆଧୁନିକ ପ୍ରଯୁକ୍ତି ବ୍ୟବହାର କରି ଅଧିକ ଉତ୍ପାଦନ କରିଛନ୍ତି । ସରକାର ଚାଷୀଙ୍କ ଆୟ ବୃଦ୍ଧି ପାଇଁ ବିଭିନ୍ନ ଯୋଜନା କାର୍ଯ୍ୟକାରୀ କରୁଛନ୍ତି ଏବଂ ଜଳସେଚନ ସୁବିଧା ସମ୍ପ୍ରସାରଣ ଉପରେ ଗୁରୁତ୍ୱ ଦେଉଛନ୍ତି । ଏହା ସହ ବଜାର ବ୍ୟବସ୍ଥା ସୁଦୃଢ଼ କରିବା ପାଇଁ ନୂଆ ପଦକ୍ଷେପ ନିଆଯାଉଛି । ରାଜ୍ୟ ସରକାରଙ୍କ ସହଯୋଗରେ ମୃତ୍ତିକା ପରୀକ୍ଷା, ଫସଲ ବୀମା ଓ ସହଜ ଋଣ ସୁବିଧା ଚାଷୀଙ୍କ ପାଖରେ ପହଞ୍ଚାଇବା ଲକ୍ଷ୍ୟ ରଖାଯାଇଛି । ବିଶେଷଜ୍ଞଙ୍କ ମତରେ ଆଗାମୀ ଦିନରେ ଡାଲି ଓ ତୈଳବୀଜ ଉତ୍ପାଦନ ବୃଦ୍ଧି ଦେଶକୁ ଆତ୍ମନିର୍ଭର କରିବ । ଦେଶରେ ଖାଦ୍ୟଶସ୍ୟ ଉତ୍ପାଦନ ନୂଆ ରେକର୍ଡ ସୃଷ୍ଟି କରିଛି ବୋଲି କେନ୍ଦ୍ର କୃଷି ମନ୍ତ୍ରୀ କହିଛନ୍ତି । ଚଳିତ ବର୍ଷ ଖରିଫ ଓ ରବି ଋତୁରେ ଚାଷୀମାନେ ଉନ୍ନତ ବିହନ ଓ ଆଧୁନିକ ପ୍ରଯୁକ୍ତି ବ୍ୟବହାର କରି ଅଧିକ ଉତ୍ପାଦନ କରିଛନ୍ତି । ସରକାର ଚାଷୀଙ୍କ ଆୟ ବୃଦ୍ଧି ପାଇଁ ବିଭିନ୍ନ ଯୋଜନା କାର୍ଯ୍ୟକାରୀ କରୁଛନ୍ତି ଏବଂ
ମେଡିକାଲ ଉପକରଣ ଆମଦାନୀ
ଏମ୍‌ଏସ୍‌ଏମ୍‌ଇ ଅନୁମୋଦନ ଆବଶ୍ୟକ
● ନୂଆଦିଲ୍ଲୀ, ୨୨/୨ ଦେଶରେ ଖାଦ୍ୟଶସ୍ୟ ଉତ୍ପାଦନ ନୂଆ ରେକର୍ଡ ସୃଷ୍ଟି କରିଛି ବୋଲି କେନ୍ଦ୍ର କୃଷି ମନ୍ତ୍ରୀ କହିଛନ୍ତି । ଚଳିତ ବର୍ଷ ଖରିଫ ଓ ରବି ଋତୁରେ ଚାଷୀମାନେ ଉନ୍ନତ ବିହନ ଓ ଆଧୁନିକ ପ୍ରଯୁକ୍ତି ବ୍ୟବହାର କରି ଅଧିକ ଉତ୍ପାଦନ କରିଛନ୍ତି । ସରକାର ଚାଷୀଙ୍କ ଆୟ ବୃଦ୍ଧି ପାଇଁ ବିଭିନ୍ନ ଯୋଜନା କାର୍ଯ୍ୟକାରୀ କରୁଛନ୍ତି ଏବଂ ଜଳସେଚନ ସୁବିଧା ସମ୍ପ୍ରସାରଣ ଉପରେ ଗୁରୁତ୍ୱ ଦେଉଛନ୍ତି । ଏହା ସହ ବଜାର ବ୍ୟବସ୍ଥା ସୁଦୃଢ଼ କରିବା ପାଇଁ ନୂଆ ପଦକ୍ଷେପ ନିଆଯାଉଛି । ରାଜ୍ୟ ସରକାରଙ୍କ ସହଯୋଗରେ ମୃତ୍ତିକା ପରୀକ୍ଷା, ଫସଲ ବୀମା ଓ ସହଜ ଋଣ ସୁବିଧା ଚାଷୀଙ୍କ ପାଖରେ ପହଞ୍ଚାଇବା ଲକ୍ଷ୍ୟ ରଖାଯାଇଛି । ବିଶେଷଜ୍ଞଙ୍କ ମତରେ ଆଗାମୀ ଦିନରେ ଡାଲି ଓ ତୈଳବୀଜ ଉତ୍ପାଦନ ବୃଦ୍ଧି ଦେଶକୁ ଆତ୍ମନିର୍ଭର କରିବ । ଦେଶରେ ଖାଦ୍ୟଶସ୍ୟ ଉତ୍ପାଦନ ନୂଆ ରେକର୍ଡ ସୃଷ୍ଟି କରିଛି ବୋଲି କେନ୍ଦ୍ର କୃଷି ମନ୍ତ୍ରୀ କହିଛନ୍ତି । ଚଳିତ ବର୍ଷ ଖରିଫ ଓ ରବି ଋତୁରେ ଚାଷୀମାନେ ଉନ୍ନତ ବିହନ ଓ ଆଧୁନିକ ପ୍ରଯୁକ୍ତି ବ୍ୟବହାର କରି ଅଧିକ ଉତ୍ପାଦନ କରିଛନ୍ତି । ସରକାର ଚାଷୀଙ୍କ ଆୟ ବୃଦ୍ଧି ପାଇଁ ବିଭିନ୍ନ ଯୋଜନା କାର୍ଯ୍ୟକାରୀ କରୁଛନ୍ତି ଏବଂ ଜଳସେଚନ ସୁବିଧା ସମ୍ପ୍ରସାରଣ ଉପରେ ଗୁରୁତ୍ୱ ଦେଉଛନ୍ତି । ଏହା ସହ ବଜାର ବ୍ୟବସ୍ଥା ସୁଦୃଢ଼ କରିବା ପାଇଁ ନୂଆ ପଦକ୍ଷେପ ନିଆଯାଉଛି । ରାଜ୍ୟ ସରକାରଙ୍କ ସହଯୋଗରେ ମୃତ୍ତିକା ପରୀକ୍ଷା, ଫସଲ ବୀମା ଓ ସହଜ ଋଣ ସୁବିଧା ଚାଷୀଙ୍କ ପାଖରେ ପହଞ୍ଚାଇବା ଲକ୍ଷ୍ୟ ରଖାଯାଇଛି । ବିଶେଷଜ୍ଞଙ୍କ ମତରେ ଆଗାମୀ ଦିନରେ ଡାଲି ଓ ତୈଳବୀଜ ଉତ୍ପାଦନ ବୃଦ୍ଧି ଦେଶକୁ ଆତ୍ମନିର୍ଭର କରିବ । ଦେଶରେ ଖାଦ୍ୟଶସ୍ୟ ଉତ୍ପାଦନ ନୂଆ ରେକର୍ଡ ସୃଷ୍ଟି କରିଛି ବୋଲି କେନ୍ଦ୍ର କୃଷି ମନ୍ତ୍ରୀ କହିଛନ୍ତି । ଚଳିତ ବର୍ଷ ଖରିଫ ଓ ରବି ଋତୁରେ ଚାଷୀମାନେ ଉନ୍ନତ ବିହନ ଓ ଆଧୁନିକ ପ୍ରଯୁକ୍ତି ବ୍ୟବହାର କରି
ଦେଶରେ ଖାଦ୍ୟଶସ୍ୟ ଉତ୍ପାଦନ ନୂଆ ରେକର୍ଡ ସୃଷ୍ଟି କରିଛି ବୋଲି କେନ୍ଦ୍ର କୃଷି ମନ୍ତ୍ରୀ କହିଛନ୍ତି । ଚଳିତ ବର୍ଷ ଖରିଫ ଓ ରବି ଋତୁରେ ଚାଷୀମାନେ ଉନ୍ନତ ବିହନ ଓ ଆଧୁନିକ ପ୍ରଯୁକ୍ତି ବ୍ୟବହାର କରି ଅଧିକ ଉତ୍ପାଦନ କରିଛନ୍ତି । ସରକାର ଚାଷୀଙ୍କ ଆୟ ବୃଦ୍ଧି ପାଇଁ ବିଭିନ୍ନ ଯୋଜନା କାର୍ଯ୍ୟକାରୀ କରୁଛନ୍ତି ଏବଂ ଜଳସେଚନ ସୁବିଧା ସମ୍ପ୍ରସାରଣ ଉପରେ ଗୁରୁତ୍ୱ ଦେଉଛନ୍ତି । ଏହା ସହ ବଜାର ବ୍ୟବସ୍ଥା ସୁଦୃଢ଼ କରିବା ପାଇଁ ନୂଆ ପଦକ୍ଷେପ ନିଆଯାଉଛି । ରାଜ୍ୟ ସରକାରଙ୍କ ସହଯୋଗରେ ମୃତ୍ତିକା ପରୀକ୍ଷା, ଫସଲ ବୀମା ଓ ସହଜ ଋଣ ସୁବିଧା ଚାଷୀଙ୍କ ପାଖରେ ପହଞ୍ଚାଇବା ଲକ୍ଷ୍ୟ ରଖାଯାଇଛି । ବିଶେଷଜ୍ଞଙ୍କ ମତରେ ଆଗାମୀ ଦିନରେ ଡାଲି ଓ ତୈଳବୀଜ ଉତ୍ପାଦନ ବୃଦ୍ଧି ଦେଶକୁ ଆତ୍ମନିର୍ଭର କରିବ । ଦେଶରେ ଖାଦ୍ୟଶସ୍ୟ ଉତ୍ପାଦନ ନୂଆ ରେକର୍ଡ ସୃଷ୍ଟି କରିଛି ବୋଲି କେନ୍ଦ୍ର କୃଷି ମନ୍ତ୍ରୀ କହିଛନ୍ତି । ଚଳିତ ବର୍ଷ ଖରିଫ ଓ ରବି ଋତୁରେ ଚାଷୀମାନେ ଉନ୍ନତ ବିହନ ଓ ଆଧୁନିକ ପ୍ରଯୁକ୍ତି ବ୍ୟବହାର କରି ଅଧିକ ଉତ୍ପାଦନ କରିଛନ୍ତି । ସରକାର ଚାଷୀଙ୍କ ଆୟ ବୃଦ୍ଧି ପାଇଁ ବିଭିନ୍ନ ଯୋଜନା କାର୍ଯ୍ୟକାରୀ କରୁଛନ୍ତି ଏବଂ ଜଳସେଚନ ସୁବିଧା ସମ୍ପ୍ରସାରଣ ଉପରେ ଗୁରୁତ୍ୱ ଦେଉଛନ୍ତି । ଏହା ସହ ବଜାର ବ୍ୟବସ୍ଥା ସୁଦୃଢ଼ କରିବା ପାଇଁ ନୂଆ ପଦକ୍ଷେପ ନିଆଯାଉଛି । ରାଜ୍ୟ ସରକାରଙ୍କ ସହଯୋଗରେ ମୃତ୍ତିକା ପରୀକ୍ଷା, ଫସଲ ବୀମା ଓ ସହଜ ଋଣ ସୁବିଧା ଚାଷୀଙ୍କ ପାଖରେ ପହଞ୍ଚାଇବା ଲକ୍ଷ୍ୟ ରଖାଯାଇଛି । ବିଶେଷଜ୍ଞଙ୍କ ମତରେ ଆଗାମୀ ଦିନରେ ଡାଲି ଓ ତୈଳବୀଜ ଉତ୍ପାଦନ ବୃଦ୍ଧି ଦେଶକୁ ଆତ୍ମନିର୍ଭର କରିବ । ଦେଶରେ ଖାଦ୍ୟଶସ୍ୟ ଉତ୍ପାଦନ ନୂଆ ରେକର୍ଡ ସୃଷ୍ଟି କରିଛି ବୋଲି କେନ୍ଦ୍ର କୃଷି ମନ୍ତ୍ରୀ କହିଛନ୍ତି । ଚଳିତ ବର୍ଷ ଖରିଫ ଓ ରବି ଋତୁରେ ଚାଷୀମାନେ ଉନ୍ନତ ବିହନ ଓ ଆଧୁନିକ ପ୍ରଯୁକ୍ତି ବ୍ୟବହାର କରି ଅଧିକ ଉତ୍ପାଦନ କରିଛନ୍ତି ।
ଦେଶରେ ଖାଦ୍ୟଶସ୍ୟ ଉତ୍ପାଦନ ନୂଆ ରେକର୍ଡ ସୃଷ୍ଟି କରିଛି ବୋଲି କେନ୍ଦ୍ର କୃଷି ମନ୍ତ୍ରୀ କହିଛନ୍ତି । ଚଳିତ ବର୍ଷ ଖରିଫ ଓ ରବି ଋତୁରେ ଚାଷୀମାନେ ଉନ୍ନତ ବିହନ ଓ ଆଧୁନିକ ପ୍ରଯୁକ୍ତି ବ୍ୟବହାର କରି ଅଧିକ ଉତ୍ପାଦନ କରିଛନ୍ତି । ସରକାର ଚାଷୀଙ୍କ ଆୟ ବୃଦ୍ଧି ପାଇଁ ବିଭିନ୍ନ ଯୋଜନା କାର୍ଯ୍ୟକାରୀ କରୁଛନ୍ତି ଏବଂ ଜଳସେଚନ ସୁବିଧା ସମ୍ପ୍ରସାରଣ ଉପରେ ଗୁରୁତ୍ୱ ଦେଉଛନ୍ତି । ଏହା ସହ ବଜାର ବ୍ୟବସ୍ଥା ସୁଦୃଢ଼ କରିବା ପାଇଁ ନୂଆ ପଦକ୍ଷେପ ନିଆଯାଉଛି । ରାଜ୍ୟ ସରକାରଙ୍କ ସହଯୋଗରେ ମୃତ୍ତିକା ପରୀକ୍ଷା, ଫସଲ ବୀମା ଓ ସହଜ ଋଣ ସୁବିଧା ଚାଷୀଙ୍କ ପାଖରେ ପହଞ୍ଚାଇବା ଲକ୍ଷ୍ୟ ରଖାଯାଇଛି । ବିଶେଷଜ୍ଞଙ୍କ ମତରେ ଆଗାମୀ ଦିନରେ ଡାଲି ଓ ତୈଳବୀଜ ଉତ୍ପାଦନ ବୃଦ୍ଧି ଦେଶକୁ ଆତ୍ମନିର୍ଭର କରିବ । ଦେଶରେ ଖାଦ୍ୟଶସ୍ୟ ଉତ୍ପାଦନ ନୂଆ ରେକର୍ଡ ସୃଷ୍ଟି କରିଛି ବୋଲି କେନ୍ଦ୍ର କୃଷି ମନ୍ତ୍ରୀ କହିଛନ୍ତି । ଚଳିତ ବର୍ଷ ଖରିଫ ଓ ରବି ଋତୁରେ ଚାଷୀମାନେ ଉନ୍ନତ ବିହନ ଓ ଆଧୁନିକ ପ୍ରଯୁକ୍ତି ବ୍ୟବହାର କରି ଅଧିକ ଉତ୍ପାଦନ କରିଛନ୍ତି । ସରକାର ଚାଷୀଙ୍କ ଆୟ ବୃଦ୍ଧି ପାଇଁ ବିଭିନ୍ନ ଯୋଜନା କାର୍ଯ୍ୟକାରୀ କରୁଛନ୍ତି ଏବଂ ଜଳସେଚନ ସୁବିଧା ସମ୍ପ୍ରସାରଣ ଉପରେ ଗୁରୁତ୍ୱ ଦେଉଛନ୍ତି । ଏହା ସହ ବଜାର ବ୍ୟବସ୍ଥା ସୁଦୃଢ଼ କରିବା ପାଇଁ ନୂଆ ପଦକ୍ଷେପ ନିଆଯାଉଛି । ରାଜ୍ୟ ସରକାରଙ୍କ ସହଯୋଗରେ ମୃତ୍ତିକା ପରୀକ୍ଷା, ଫସଲ ବୀମା ଓ ସହଜ ଋଣ ସୁବିଧା ଚାଷୀଙ୍କ ପାଖରେ ପହଞ୍ଚାଇବା ଲକ୍ଷ୍ୟ ରଖାଯାଇଛି । ବିଶେଷଜ୍ଞଙ୍କ ମତରେ ଆଗାମୀ ଦିନରେ ଡାଲି ଓ ତୈଳବୀଜ ଉତ୍ପାଦନ ବୃଦ୍ଧି ଦେଶକୁ ଆତ୍ମନିର୍ଭର କରିବ । ଦେଶରେ ଖାଦ୍ୟଶସ୍ୟ ଉତ୍ପାଦନ ନୂଆ ରେକର୍ଡ ସୃଷ୍ଟି କରିଛି ବୋଲି କେନ୍ଦ୍ର କୃଷି ମନ୍ତ୍ରୀ କହିଛନ୍ତି । ଚଳିତ ବର୍ଷ ଖରିଫ ଓ ରବି ଋତୁରେ ଚାଷୀମାନେ ଉନ୍ନତ ବିହନ ଓ ଆଧୁନିକ ପ୍ରଯୁକ୍ତି ବ୍ୟବହାର କରି ଅଧିକ ଉତ୍ପାଦନ କରିଛନ୍ତି ।
୫ ଲକ୍ଷ ଟଙ୍କା ପର୍ଯ୍ୟନ୍ତ ସ୍ୱାସ୍ଥ୍ୟବୀମା
ଜିଏସଟି ମୁକ୍ତ ହେବ
● ନୂଆଦିଲ୍ଲୀ, ୨୨/୨ ଦେଶରେ ଖାଦ୍ୟଶସ୍ୟ ଉତ୍ପାଦନ ନୂଆ ରେକର୍ଡ ସୃଷ୍ଟି କରିଛି ବୋଲି କେନ୍ଦ୍ର କୃଷି ମନ୍ତ୍ରୀ କହିଛନ୍ତି । ଚଳିତ ବର୍ଷ ଖରିଫ ଓ ରବି ଋତୁରେ ଚାଷୀମାନେ ଉନ୍ନତ ବିହନ ଓ ଆଧୁନିକ ପ୍ରଯୁକ୍ତି ବ୍ୟବହାର କରି ଅଧିକ ଉତ୍ପାଦନ କରିଛନ୍ତି । ସରକାର ଚାଷୀଙ୍କ ଆୟ ବୃଦ୍ଧି ପାଇଁ ବିଭିନ୍ନ ଯୋଜନା କାର୍ଯ୍ୟକାରୀ କରୁଛନ୍ତି ଏବଂ ଜଳସେଚନ ସୁବିଧା ସମ୍ପ୍ରସାରଣ ଉପରେ ଗୁରୁତ୍ୱ ଦେଉଛନ୍ତି । ଏହା ସହ ବଜାର ବ୍ୟବସ୍ଥା ସୁଦୃଢ଼ କରିବା ପାଇଁ ନୂଆ ପଦକ୍ଷେପ ନିଆଯାଉଛି । ରାଜ୍ୟ ସରକାରଙ୍କ ସହଯୋଗରେ ମୃତ୍ତିକା ପରୀକ୍ଷା, ଫସଲ ବୀମା ଓ ସହଜ ଋଣ ସୁବିଧା ଚାଷୀଙ୍କ ପାଖରେ ପହଞ୍ଚାଇବା ଲକ୍ଷ୍ୟ ରଖାଯାଇଛି । ବିଶେଷଜ୍ଞଙ୍କ ମତରେ ଆଗାମୀ ଦିନରେ ଡାଲି ଓ ତୈଳବୀଜ ଉତ୍ପାଦନ ବୃଦ୍ଧି ଦେଶକୁ ଆତ୍ମନିର୍ଭର କରିବ । ଦେଶରେ ଖାଦ୍ୟଶସ୍ୟ ଉତ୍ପାଦନ ନୂଆ ରେକର୍ଡ ସୃଷ୍ଟି କରିଛି ବୋଲି କେନ୍ଦ୍ର କୃଷି ମନ୍ତ୍ରୀ କହିଛନ୍ତି । ଚଳିତ ବର୍ଷ ଖରିଫ ଓ ରବି ଋତୁରେ ଚାଷୀମାନେ ଉନ୍ନତ ବିହନ ଓ ଆଧୁନିକ ପ୍ରଯୁକ୍ତି ବ୍ୟବହାର କରି ଅଧିକ ଉତ୍ପାଦନ କରିଛନ୍ତି । ସରକାର ଚାଷୀଙ୍କ ଆୟ ବୃଦ୍ଧି ପାଇଁ ବିଭିନ୍ନ ଯୋଜନା କାର୍ଯ୍ୟକାରୀ କରୁଛନ୍ତି ଏବଂ ଜଳସେଚନ ସୁବିଧା ସମ୍ପ୍ରସାରଣ ଉପରେ ଗୁରୁତ୍ୱ ଦେଉଛନ୍ତି । ଏହା ସହ ବଜାର ବ୍ୟବସ୍ଥା ସୁଦୃଢ଼ କରିବା ପାଇଁ ନୂଆ ପଦକ୍ଷେପ ନିଆଯାଉଛି । ରାଜ୍ୟ ସରକାରଙ୍କ ସହଯୋଗରେ ମୃତ୍ତିକା ପରୀକ୍ଷା, ଫସଲ ବୀମା ଓ ସହଜ ଋଣ ସୁବିଧା ଚାଷୀଙ୍କ ପାଖରେ ପହଞ୍ଚାଇବା ଲକ୍ଷ୍ୟ ରଖାଯାଇଛି । ବିଶେଷଜ୍ଞଙ୍କ ମତରେ ଆଗାମୀ ଦିନରେ ଡାଲି ଓ ତୈଳବୀଜ ଉତ୍ପାଦନ ବୃଦ୍ଧି ଦେଶକୁ ଆତ୍ମନିର୍ଭର କରିବ ।
ଓଡ଼ିଶାରେ ଏସବିଆଇର ନୂଆ ଶାଖା ଉଦ୍‌ଘାଟନ
● ଭୁବନେଶ୍ୱର, ୨୨/୨ ଦେଶରେ ଖାଦ୍ୟଶସ୍ୟ ଉତ୍ପାଦନ ନୂଆ ରେକର୍ଡ ସୃଷ୍ଟି କରିଛି ବୋଲି କେନ୍ଦ୍ର କୃଷି ମନ୍ତ୍ରୀ କହିଛନ୍ତି । ଚଳିତ ବର୍ଷ ଖରିଫ ଓ ରବି ଋତୁରେ ଚାଷୀମାନେ ଉନ୍ନତ ବିହନ ଓ ଆଧୁନିକ ପ୍ରଯୁକ୍ତି ବ୍ୟବହାର କରି ଅଧିକ ଉତ୍ପାଦନ କରିଛନ୍ତି । ସରକାର ଚାଷୀଙ୍କ ଆୟ ବୃଦ୍ଧି ପାଇଁ ବିଭିନ୍ନ ଯୋଜନା କାର୍ଯ୍ୟକାରୀ କରୁଛନ୍ତି ଏବଂ ଜଳସେଚନ ସୁବିଧା ସମ୍ପ୍ରସାରଣ ଉପରେ ଗୁରୁତ୍ୱ ଦେଉଛନ୍ତି । ଏହା ସହ ବଜାର ବ୍ୟବସ୍ଥା ସୁଦୃଢ଼ କରିବା ପାଇଁ ନୂଆ ପଦକ୍ଷେପ ନିଆଯାଉଛି । ରାଜ୍ୟ ସରକାରଙ୍କ ସହଯୋଗରେ ମୃତ୍ତିକା ପରୀକ୍ଷା, ଫସଲ ବୀମା ଓ ସହଜ ଋଣ ସୁବିଧା ଚାଷୀଙ୍କ ପାଖରେ ପହଞ୍ଚାଇବା ଲକ୍ଷ୍ୟ ରଖାଯାଇଛି । ବିଶେଷଜ୍ଞଙ୍କ ମତରେ ଆଗାମୀ ଦିନରେ ଡାଲି ଓ ତୈଳବୀଜ ଉତ୍ପାଦନ ବୃଦ୍ଧି ଦେଶକୁ ଆତ୍ମନିର୍ଭର କରିବ । ଦେଶରେ ଖାଦ୍ୟଶସ୍ୟ ଉତ୍ପାଦନ ନୂଆ ରେକର୍ଡ ସୃଷ୍ଟି କରିଛି ବୋଲି କେନ୍ଦ୍ର କୃଷି ମନ୍ତ୍ରୀ କହିଛନ୍ତି । ଚଳିତ ବର୍ଷ ଖରିଫ ଓ ରବି ଋତୁରେ ଚାଷୀମାନେ ଉନ୍ନତ ବିହନ ଓ ଆଧୁନିକ ପ୍ରଯୁକ୍ତି ବ୍ୟବହାର କରି ଅଧିକ ଉତ୍ପାଦନ କରିଛନ୍ତି । ସରକାର ଚାଷୀଙ୍କ ଆୟ ବୃଦ୍ଧି ପାଇଁ ବିଭିନ୍ନ ଯୋଜନା କାର୍ଯ୍ୟକାରୀ କରୁଛନ୍ତି ଏବଂ ଜଳସେଚନ ସୁବିଧା ସମ୍ପ୍ରସାରଣ ଉପରେ ଗୁରୁତ୍ୱ ଦେଉଛନ୍ତି । ଏହା ସହ ବଜାର ବ୍ୟବସ୍ଥା ସୁଦୃଢ଼ କରିବା ପାଇଁ ନୂଆ ପଦକ୍ଷେପ ନିଆଯାଉଛି । ରାଜ୍ୟ ସରକାରଙ୍କ ସହଯୋଗରେ ମୃତ୍ତିକା ପରୀକ୍ଷା, ଫସଲ ବୀମା ଓ ସହଜ ଋଣ ସୁବିଧା ଚାଷୀଙ୍କ ପାଖରେ ପହଞ୍ଚାଇବା ଲକ୍ଷ୍ୟ ରଖାଯାଇଛି । ବିଶେଷଜ୍ଞଙ୍କ ମତରେ ଆଗାମୀ ଦିନରେ ଡାଲି ଓ ତୈଳବୀଜ ଉତ୍ପାଦନ ବୃଦ୍ଧି ଦେଶକୁ ଆତ୍ମନିର୍ଭର କରିବ । ଦେଶରେ ଖାଦ୍ୟଶସ୍ୟ ଉତ୍ପାଦନ ନୂଆ ରେକର୍ଡ ସୃଷ୍ଟି କରିଛି ବୋଲି କେନ୍ଦ୍ର କୃଷି ମନ୍ତ୍ରୀ କହିଛନ୍ତି । ଚଳିତ ବର୍ଷ ଖରିଫ ଓ ରବି ଋତୁରେ ଚାଷୀମାନେ ଉନ୍ନତ ବିହନ ଓ ଆଧୁନିକ ପ୍ରଯୁକ୍ତି ବ୍ୟବହାର କରି ଅଧିକ ଉତ୍ପାଦନ କରିଛନ୍ତି । ସରକାର ଚାଷୀଙ୍କ ଆୟ ବୃଦ୍ଧି ପାଇଁ ବିଭିନ୍ନ ଯୋଜନା କାର୍ଯ୍ୟକାରୀ କରୁଛନ୍ତି ଏବଂ ଜଳସେଚନ ସୁବିଧା ସମ୍ପ୍ରସାରଣ ଉପରେ ଗୁରୁତ୍ୱ ଦେଉଛନ୍ତି । ଏହା ସହ ବଜାର ବ୍ୟବସ୍ଥା ସୁଦୃଢ଼ କରିବା ପାଇଁ ନୂଆ ପଦକ୍ଷେପ ନିଆଯାଉଛି । ରାଜ୍ୟ ସରକାରଙ୍କ ସହଯୋଗରେ ମୃତ୍ତିକା ପରୀକ୍ଷା, ଫସଲ ବୀମା ଓ ସହଜ ଋଣ ସୁବିଧା ଚାଷୀଙ୍କ ପାଖରେ ପହଞ୍ଚାଇବା ଲକ୍ଷ୍ୟ ରଖାଯାଇଛି । ବିଶେଷଜ୍ଞଙ୍କ ମତରେ ଆଗାମୀ ଦିନରେ ଡାଲି ଓ ତୈଳବୀଜ ଉତ୍ପାଦନ ବୃଦ୍ଧି ଦେଶକୁ ଆତ୍ମନିର୍ଭର କରିବ । ଦେଶରେ ଖାଦ୍ୟଶସ୍ୟ ଉତ୍ପାଦନ ନୂଆ ରେକର୍ଡ ସୃଷ୍ଟି କରିଛି ବୋଲି କେନ୍ଦ୍ର କୃଷି ମନ୍ତ୍ରୀ କହିଛନ୍ତି । ଚଳିତ ବର୍ଷ ଖରିଫ ଓ ରବି ଋତୁରେ ଚାଷୀମାନେ ଉନ୍ନତ ବିହନ ଓ ଆଧୁନିକ ପ୍ରଯୁକ୍ତି ବ୍ୟବହାର କରି ଅଧିକ ଉତ୍ପାଦନ କରିଛନ୍ତି । ସରକାର ଚାଷୀଙ୍କ ଆୟ ବୃଦ୍ଧି ପାଇଁ ବିଭିନ୍ନ ଯୋଜନା କାର୍ଯ୍ୟକାରୀ କରୁଛନ୍ତି ଏବଂ ଜଳସେଚନ ସୁବିଧା ସମ୍ପ୍ରସାରଣ ଉପରେ ଗୁରୁତ୍ୱ ଦେଉଛନ୍ତି । ଏହା ସହ ବଜାର ବ୍ୟବସ୍ଥା ସୁଦୃଢ଼ କରିବା ପାଇଁ ନୂଆ ପଦକ୍ଷେପ ନିଆଯାଉଛି । ରାଜ୍ୟ ସରକାରଙ୍କ ସହଯୋଗରେ ମୃତ୍ତିକା ପରୀକ୍ଷା, ଫସଲ ବୀମା ଓ ସହଜ ଋଣ ସୁବିଧା ଚାଷୀଙ୍କ ପାଖରେ ପହଞ୍ଚାଇବା ଲକ୍ଷ୍ୟ ରଖାଯାଇଛି । ବିଶେଷଜ୍ଞଙ୍କ ମତରେ ଆଗାମୀ ଦିନରେ ଡାଲି ଓ ତୈଳବୀଜ ଉତ୍ପାଦନ ବୃଦ୍ଧି ଦେଶକୁ ଆତ୍ମନିର୍ଭର କରିବ ।
ପ୍ରଧାନମନ୍ତ୍ରୀ ଋଣଵୃତ୍ତିପ୍ରାପ୍ତି ଯୋଜନା
କାର୍ଯ୍ୟରୁ ଶିକ୍ଷା ଭାବନାର ଗଣତାନ୍ତ୍ରିକରଣ
ଡ. ଅଜୟ କୁମାର ସାହୁ
ଆରଭିସି ବିଶ୍ୱବିଦ୍ୟାଳୟ
ଦେଶରେ ଖାଦ୍ୟଶସ୍ୟ ଉତ୍ପାଦନ ନୂଆ ରେକର୍ଡ ସୃଷ୍ଟି କରିଛି ବୋଲି କେନ୍ଦ୍ର କୃଷି ମନ୍ତ୍ରୀ କହିଛନ୍ତି । ଚଳିତ ବର୍ଷ ଖରିଫ ଓ ରବି ଋତୁରେ ଚାଷୀମାନେ ଉନ୍ନତ ବିହନ ଓ ଆଧୁନିକ ପ୍ରଯୁକ୍ତି ବ୍ୟବହାର କରି ଅଧିକ ଉତ୍ପାଦନ କରିଛନ୍ତି । ସରକାର ଚାଷୀଙ୍କ ଆୟ ବୃଦ୍ଧି ପାଇଁ ବିଭିନ୍ନ ଯୋଜନା କାର୍ଯ୍ୟକାରୀ କରୁଛନ୍ତି ଏବଂ ଜଳସେଚନ ସୁବିଧା ସମ୍ପ୍ରସାରଣ ଉପରେ ଗୁରୁତ୍ୱ ଦେଉଛନ୍ତି । ଏହା ସହ ବଜାର ବ୍ୟବସ୍ଥା ସୁଦୃଢ଼ କରିବା ପାଇଁ ନୂଆ ପଦକ୍ଷେପ ନିଆଯାଉଛି । ରାଜ୍ୟ ସରକାରଙ୍କ ସହଯୋଗରେ ମୃତ୍ତିକା ପରୀକ୍ଷା, ଫସଲ ବୀମା ଓ ସହଜ ଋଣ ସୁବିଧା ଚାଷୀଙ୍କ ପାଖରେ ପହଞ୍ଚାଇବା ଲକ୍ଷ୍ୟ ରଖାଯାଇଛି । ବିଶେଷଜ୍ଞଙ୍କ ମତରେ ଆଗାମୀ ଦିନରେ ଡାଲି ଓ ତୈଳବୀଜ ଉତ୍ପାଦନ ବୃଦ୍ଧି ଦେଶକୁ ଆତ୍ମନିର୍ଭର କରିବ । ଦେଶରେ ଖାଦ୍ୟଶସ୍ୟ ଉତ୍ପାଦନ ନୂଆ ରେକର୍ଡ ସୃଷ୍ଟି କରିଛି ବୋଲି କେନ୍ଦ୍ର କୃଷି ମନ୍ତ୍ରୀ କହିଛନ୍ତି । ଚଳିତ ବର୍ଷ ଖରିଫ ଓ ରବି ଋତୁରେ ଚାଷୀମାନେ ଉନ୍ନତ ବିହନ ଓ ଆଧୁନିକ ପ୍ରଯୁକ୍ତି ବ୍ୟବହାର କରି ଅଧିକ ଉତ୍ପାଦନ କରିଛନ୍ତି । ସରକାର ଚାଷୀଙ୍କ ଆୟ ବୃଦ୍ଧି ପାଇଁ ବିଭିନ୍ନ ଯୋଜନା କାର୍ଯ୍ୟକାରୀ କରୁଛନ୍ତି ଏବଂ ଜଳସେଚନ ସୁବିଧା ସମ୍ପ୍ରସାରଣ ଉପରେ ଗୁରୁତ୍ୱ ଦେଉଛନ୍ତି । ଏହା ସହ ବଜାର ବ୍ୟବସ୍ଥା ସୁଦୃଢ଼ କରିବା ପାଇଁ ନୂଆ ପଦକ୍ଷେପ ନିଆଯାଉଛି । ରାଜ୍ୟ ସରକାରଙ୍କ ସହଯୋଗରେ ମୃତ୍ତିକା ପରୀକ୍ଷା, ଫସଲ ବୀମା ଓ ସହଜ ଋଣ ସୁବିଧା ଚାଷୀଙ୍କ ପାଖରେ ପହଞ୍ଚାଇବା ଲକ୍ଷ୍ୟ ରଖାଯାଇଛି । ବିଶେଷଜ୍ଞଙ୍କ ମତରେ ଆଗାମୀ ଦିନରେ ଡାଲି ଓ ତୈଳବୀଜ ଉତ୍ପାଦନ ବୃଦ୍ଧି ଦେଶକୁ ଆତ୍ମନିର୍ଭର କରିବ । ଦେଶରେ ଖାଦ୍ୟଶସ୍ୟ ଉତ୍ପାଦନ ନୂଆ ରେକର୍ଡ ସୃଷ୍ଟି କରିଛି ବୋଲି କେନ୍ଦ୍ର କୃଷି ମନ୍ତ୍ରୀ କହିଛନ୍ତି । ଚଳିତ ବର୍ଷ ଖରିଫ ଓ ରବି ଋତୁରେ ଚାଷୀମାନେ ଉନ୍ନତ ବିହନ ଓ ଆଧୁନିକ ପ୍ରଯୁକ୍ତି ବ୍ୟବହାର କରି ଅଧିକ ଉତ୍ପାଦନ କରିଛନ୍ତି । ସରକାର ଚାଷୀଙ୍କ ଆୟ ବୃଦ୍ଧି ପାଇଁ ବିଭିନ୍ନ ଯୋଜନା କାର୍ଯ୍ୟକାରୀ କରୁଛନ୍ତି ଏବଂ ଜଳସେଚନ ସୁବିଧା ସମ୍ପ୍ରସାରଣ ଉପରେ ଗୁରୁତ୍ୱ ଦେଉଛନ୍ତି । ଏହା ସହ ବଜାର ବ୍ୟବସ୍ଥା ସୁଦୃଢ଼ କରିବା ପାଇଁ ନୂଆ ପଦକ୍ଷେପ ନିଆଯାଉଛି । ରାଜ୍ୟ ସରକାରଙ୍କ ସହଯୋଗରେ ମୃତ୍ତିକା ପରୀକ୍ଷା, ଫସଲ ବୀମା ଓ ସହଜ ଋଣ ସୁବିଧା ଚାଷୀଙ୍କ ପାଖରେ ପହଞ୍ଚାଇବା ଲକ୍ଷ୍ୟ ରଖାଯାଇଛି । ବିଶେଷଜ୍ଞଙ୍କ ମତରେ ଆଗାମୀ ଦିନରେ ଡାଲି ଓ ତୈଳବୀଜ ଉତ୍ପାଦନ ବୃଦ୍ଧି ଦେଶକୁ ଆତ୍ମନିର୍ଭର କରିବ । ଦେଶରେ ଖାଦ୍ୟଶସ୍ୟ ଉତ୍ପାଦନ ନୂଆ ରେକର୍ଡ ସୃଷ୍ଟି କରିଛି ବୋଲି କେନ୍ଦ୍ର କୃଷି ମନ୍ତ୍ରୀ କହିଛନ୍ତି । ଚଳିତ ବର୍ଷ ଖରିଫ ଓ ରବି ଋତୁରେ ଚାଷୀମାନେ ଉନ୍ନତ ବିହନ ଓ ଆଧୁନିକ ପ୍ରଯୁକ୍ତି ବ୍ୟବହାର କରି ଅଧିକ ଉତ୍ପାଦନ କରିଛନ୍ତି । ସରକାର ଚାଷୀଙ୍କ ଆୟ ବୃଦ୍ଧି ପାଇଁ ବିଭିନ୍ନ ଯୋଜନା କାର୍ଯ୍ୟକାରୀ କରୁଛନ୍ତି ଏବଂ ଜଳସେଚନ ସୁବିଧା ସମ୍ପ୍ରସାରଣ ଉପରେ ଗୁରୁତ୍ୱ ଦେଉଛନ୍ତି । ଏହା ସହ ବଜାର ବ୍ୟବସ୍ଥା ସୁଦୃଢ଼ କରିବା ପାଇଁ ନୂଆ ପଦକ୍ଷେପ ନିଆଯାଉଛି । ରାଜ୍ୟ ସରକାରଙ୍କ ସହଯୋଗରେ ମୃତ୍ତିକା ପରୀକ୍ଷା, ଫସଲ ବୀମା ଓ ସହଜ ଋଣ ସୁବିଧା ଚାଷୀଙ୍କ ପାଖରେ ପହଞ୍ଚାଇବା ଲକ୍ଷ୍ୟ ରଖାଯାଇଛି । ବିଶେଷଜ୍ଞଙ୍କ ମତରେ ଆଗାମୀ ଦିନରେ ଡାଲି ଓ ତୈଳବୀଜ ଉତ୍ପାଦନ ବୃଦ୍ଧି ଦେଶକୁ ଆତ୍ମନିର୍ଭର କରିବ । ଦେଶରେ ଖାଦ୍ୟଶସ୍ୟ ଉତ୍ପାଦନ ନୂଆ ରେକର୍ଡ ସୃଷ୍ଟି କରିଛି ବୋଲି କେନ୍ଦ୍ର କୃଷି ମନ୍ତ୍ରୀ କହିଛନ୍ତି । ଚଳିତ ବର୍ଷ ଖରିଫ ଓ ରବି ଋତୁରେ ଚାଷୀମାନେ ଉନ୍ନତ ବିହନ ଓ ଆଧୁନିକ ପ୍ରଯୁକ୍ତି ବ୍ୟବହାର କରି ଅଧିକ
ଦେଶରେ ଖାଦ୍ୟଶସ୍ୟ ଉତ୍ପାଦନ ନୂଆ ରେକର୍ଡ ସୃଷ୍ଟି କରିଛି ବୋଲି କେନ୍ଦ୍ର କୃଷି ମନ୍ତ୍ରୀ କହିଛନ୍ତି । ଚଳିତ ବର୍ଷ ଖରିଫ ଓ ରବି ଋତୁରେ ଚାଷୀମାନେ ଉନ୍ନତ ବିହନ ଓ ଆଧୁନିକ ପ୍ରଯୁକ୍ତି ବ୍ୟବହାର କରି ଅଧିକ ଉତ୍ପାଦନ କରିଛନ୍ତି । ସରକାର ଚାଷୀଙ୍କ ଆୟ ବୃଦ୍ଧି ପାଇଁ ବିଭିନ୍ନ ଯୋଜନା କାର୍ଯ୍ୟକାରୀ କରୁଛନ୍ତି ଏବଂ ଜଳସେଚନ ସୁବିଧା ସମ୍ପ୍ରସାରଣ ଉପରେ ଗୁରୁତ୍ୱ ଦେଉଛନ୍ତି । ଏହା ସହ ବଜାର ବ୍ୟବସ୍ଥା ସୁଦୃଢ଼ କରିବା ପାଇଁ ନୂଆ ପଦକ୍ଷେପ ନିଆଯାଉଛି । ରାଜ୍ୟ ସରକାରଙ୍କ ସହଯୋଗରେ ମୃତ୍ତିକା ପରୀକ୍ଷା, ଫସଲ ବୀମା ଓ ସହଜ ଋଣ ସୁବିଧା ଚାଷୀଙ୍କ ପାଖରେ ପହଞ୍ଚାଇବା ଲକ୍ଷ୍ୟ ରଖାଯାଇଛି । ବିଶେଷଜ୍ଞଙ୍କ ମତରେ ଆଗାମୀ ଦିନରେ ଡାଲି ଓ ତୈଳବୀଜ ଉତ୍ପାଦନ ବୃଦ୍ଧି ଦେଶକୁ ଆତ୍ମନିର୍ଭର କରିବ । ଦେଶରେ ଖାଦ୍ୟଶସ୍ୟ ଉତ୍ପାଦନ ନୂଆ ରେକର୍ଡ ସୃଷ୍ଟି କରିଛି ବୋଲି କେନ୍ଦ୍ର କୃଷି ମନ୍ତ୍ରୀ କହିଛନ୍ତି । ଚଳିତ ବର୍ଷ ଖରିଫ ଓ ରବି ଋତୁରେ ଚାଷୀମାନେ ଉନ୍ନତ ବିହନ ଓ ଆଧୁନିକ ପ୍ରଯୁକ୍ତି ବ୍ୟବହାର କରି ଅଧିକ ଉତ୍ପାଦନ କରିଛନ୍ତି । ସରକାର ଚାଷୀଙ୍କ ଆୟ ବୃଦ୍ଧି ପାଇଁ ବିଭିନ୍ନ ଯୋଜନା କାର୍ଯ୍ୟକାରୀ କରୁଛନ୍ତି ଏବଂ ଜଳସେଚନ ସୁବିଧା ସମ୍ପ୍ରସାରଣ ଉପରେ ଗୁରୁତ୍ୱ ଦେଉଛନ୍ତି । ଏହା ସହ ବଜାର ବ୍ୟବସ୍ଥା ସୁଦୃଢ଼ କରିବା ପାଇଁ ନୂଆ ପଦକ୍ଷେପ ନିଆଯାଉଛି । ରାଜ୍ୟ ସରକାରଙ୍କ ସହଯୋଗରେ ମୃତ୍ତିକା ପରୀକ୍ଷା, ଫସଲ ବୀମା ଓ ସହଜ ଋଣ ସୁବିଧା ଚାଷୀଙ୍କ ପାଖରେ ପହଞ୍ଚାଇବା ଲକ୍ଷ୍ୟ ରଖାଯାଇଛି । ବିଶେଷଜ୍ଞଙ୍କ ମତରେ ଆଗାମୀ ଦିନରେ ଡାଲି ଓ ତୈଳବୀଜ ଉତ୍ପାଦନ ବୃଦ୍ଧି ଦେଶକୁ ଆତ୍ମନିର୍ଭର କରିବ । ଦେଶରେ ଖାଦ୍ୟଶସ୍ୟ ଉତ୍ପାଦନ ନୂଆ ରେକର୍ଡ ସୃଷ୍ଟି କରିଛି ବୋଲି କେନ୍ଦ୍ର କୃଷି ମନ୍ତ୍ରୀ କହିଛନ୍ତି । ଚଳିତ ବର୍ଷ ଖରିଫ ଓ ରବି ଋତୁରେ ଚାଷୀମାନେ ଉନ୍ନତ ବିହନ ଓ ଆଧୁନିକ ପ୍ରଯୁକ୍ତି ବ୍ୟବହାର କରି ଅଧିକ ଉତ୍ପାଦନ କରିଛନ୍ତି । ସରକାର ଚାଷୀଙ୍କ ଆୟ ବୃଦ୍ଧି ପାଇଁ ବିଭିନ୍ନ ଯୋଜନା କାର୍ଯ୍ୟକାରୀ କରୁଛନ୍ତି ଏବଂ ଜଳସେଚନ ସୁବିଧା ସମ୍ପ୍ରସାରଣ ଉପରେ ଗୁରୁତ୍ୱ ଦେଉଛନ୍ତି । ଏହା ସହ ବଜାର ବ୍ୟବସ୍ଥା ସୁଦୃଢ଼ କରିବା ପାଇଁ ନୂଆ ପଦକ୍ଷେପ ନିଆଯାଉଛି । ରାଜ୍ୟ ସରକାରଙ୍କ ସହଯୋଗରେ ମୃତ୍ତିକା ପରୀକ୍ଷା, ଫସଲ ବୀମା ଓ ସହଜ ଋଣ ସୁବିଧା ଚାଷୀଙ୍କ ପାଖରେ ପହଞ୍ଚାଇବା ଲକ୍ଷ୍ୟ ରଖାଯାଇଛି । ବିଶେଷଜ୍ଞଙ୍କ ମତରେ ଆଗାମୀ ଦିନରେ ଡାଲି ଓ ତୈଳବୀଜ ଉତ୍ପାଦନ ବୃଦ୍ଧି ଦେଶକୁ ଆତ୍ମନିର୍ଭର କରିବ । ଦେଶରେ ଖାଦ୍ୟଶସ୍ୟ ଉତ୍ପାଦନ ନୂଆ ରେକର୍ଡ ସୃଷ୍ଟି କରିଛି ବୋଲି କେନ୍ଦ୍ର କୃଷି ମନ୍ତ୍ରୀ କହିଛନ୍ତି । ଚଳିତ ବର୍ଷ ଖରିଫ ଓ ରବି ଋତୁରେ ଚାଷୀମାନେ ଉନ୍ନତ ବିହନ ଓ ଆଧୁନିକ ପ୍ରଯୁକ୍ତି ବ୍ୟବହାର କରି ଅଧିକ ଉତ୍ପାଦନ କରିଛନ୍ତି । ସରକାର ଚାଷୀଙ୍କ ଆୟ ବୃଦ୍ଧି ପାଇଁ ବିଭିନ୍ନ ଯୋଜନା କାର୍ଯ୍ୟକାରୀ କରୁଛନ୍ତି ଏବଂ ଜଳସେଚନ ସୁବିଧା ସମ୍ପ୍ରସାରଣ ଉପରେ ଗୁରୁତ୍ୱ ଦେଉଛନ୍ତି । ଏହା ସହ ବଜାର ବ୍ୟବସ୍ଥା ସୁଦୃଢ଼ କରିବା ପାଇଁ ନୂଆ ପଦକ୍ଷେପ ନିଆଯାଉଛି । ରାଜ୍ୟ ସରକାରଙ୍କ ସହଯୋଗରେ ମୃତ୍ତିକା ପରୀକ୍ଷା, ଫସଲ ବୀମା ଓ ସହଜ ଋଣ ସୁବିଧା ଚାଷୀଙ୍କ ପାଖରେ ପହଞ୍ଚାଇବା ଲକ୍ଷ୍ୟ ରଖାଯାଇଛି । ବିଶେଷଜ୍ଞଙ୍କ ମତରେ ଆଗାମୀ ଦିନରେ ଡାଲି ଓ ତୈଳବୀଜ ଉତ୍ପାଦନ ବୃଦ୍ଧି ଦେଶକୁ ଆତ୍ମନିର୍ଭର କରିବ । ଦେଶରେ ଖାଦ୍ୟଶସ୍ୟ ଉତ୍ପାଦନ ନୂଆ ରେକର୍ଡ ସୃଷ୍ଟି କରିଛି ବୋଲି କେନ୍ଦ୍ର କୃଷି ମନ୍ତ୍ରୀ କହିଛନ୍ତି । ଚଳିତ ବର୍ଷ ଖରିଫ ଓ ରବି ଋତୁରେ ଚାଷୀମାନେ ଉନ୍ନତ ବିହନ ଓ ଆଧୁନିକ ପ୍ରଯୁକ୍ତି ବ୍ୟବହାର କରି ଅଧିକ ଉତ୍ପାଦନ କରିଛନ୍ତି । ସରକାର ଚାଷୀଙ୍କ ଆୟ ବୃଦ୍ଧି ପାଇଁ ବିଭିନ୍ନ ଯୋଜନା କାର୍ଯ୍ୟକାରୀ କରୁଛନ୍ତି ଏବଂ ଜଳସେଚନ ସୁବିଧା ସମ୍ପ୍ରସାରଣ
ଦେଶରେ ଖାଦ୍ୟଶସ୍ୟ ଉତ୍ପାଦନ ନୂଆ ରେକର୍ଡ ସୃଷ୍ଟି କରିଛି ବୋଲି କେନ୍ଦ୍ର କୃଷି ମନ୍ତ୍ରୀ କହିଛନ୍ତି । ଚଳିତ ବର୍ଷ ଖରିଫ ଓ ରବି ଋତୁରେ ଚାଷୀମାନେ ଉନ୍ନତ ବିହନ ଓ ଆଧୁନିକ ପ୍ରଯୁକ୍ତି ବ୍ୟବହାର କରି ଅଧିକ ଉତ୍ପାଦନ କରିଛନ୍ତି । ସରକାର ଚାଷୀଙ୍କ ଆୟ ବୃଦ୍ଧି ପାଇଁ ବିଭିନ୍ନ ଯୋଜନା କାର୍ଯ୍ୟକାରୀ କରୁଛନ୍ତି ଏବଂ ଜଳସେଚନ ସୁବିଧା ସମ୍ପ୍ରସାରଣ ଉପରେ ଗୁରୁତ୍ୱ ଦେଉଛନ୍ତି । ଏହା ସହ ବଜାର ବ୍ୟବସ୍ଥା ସୁଦୃଢ଼ କରିବା ପାଇଁ ନୂଆ ପଦକ୍ଷେପ ନିଆଯାଉଛି । ରାଜ୍ୟ ସରକାରଙ୍କ ସହଯୋଗରେ ମୃତ୍ତିକା ପରୀକ୍ଷା, ଫସଲ ବୀମା ଓ ସହଜ ଋଣ ସୁବିଧା ଚାଷୀଙ୍କ ପାଖରେ ପହଞ୍ଚାଇବା ଲକ୍ଷ୍ୟ ରଖାଯାଇଛି । ବିଶେଷଜ୍ଞଙ୍କ ମତରେ ଆଗାମୀ ଦିନରେ ଡାଲି ଓ ତୈଳବୀଜ ଉତ୍ପାଦନ ବୃଦ୍ଧି ଦେଶକୁ ଆତ୍ମନିର୍ଭର କରିବ । ଦେଶରେ ଖାଦ୍ୟଶସ୍ୟ ଉତ୍ପାଦନ ନୂଆ ରେକର୍ଡ ସୃଷ୍ଟି କରିଛି ବୋଲି କେନ୍ଦ୍ର କୃଷି ମନ୍ତ୍ରୀ କହିଛନ୍ତି । ଚଳିତ ବର୍ଷ ଖରିଫ ଓ ରବି ଋତୁରେ ଚାଷୀମାନେ ଉନ୍ନତ ବିହନ ଓ ଆଧୁନିକ ପ୍ରଯୁକ୍ତି ବ୍ୟବହାର କରି ଅଧିକ ଉତ୍ପାଦନ କରିଛନ୍ତି । ସରକାର ଚାଷୀଙ୍କ ଆୟ ବୃଦ୍ଧି ପାଇଁ ବିଭିନ୍ନ ଯୋଜନା କାର୍ଯ୍ୟକାରୀ କରୁଛନ୍ତି ଏବଂ ଜଳସେଚନ ସୁବିଧା ସମ୍ପ୍ରସାରଣ ଉପରେ ଗୁରୁତ୍ୱ ଦେଉଛନ୍ତି । ଏହା ସହ ବଜାର ବ୍ୟବସ୍ଥା ସୁଦୃଢ଼ କରିବା ପାଇଁ ନୂଆ ପଦକ୍ଷେପ ନିଆଯାଉଛି । ରାଜ୍ୟ ସରକାରଙ୍କ ସହଯୋଗରେ ମୃତ୍ତିକା ପରୀକ୍ଷା, ଫସଲ ବୀମା ଓ ସହଜ ଋଣ ସୁବିଧା ଚାଷୀଙ୍କ ପାଖରେ ପହଞ୍ଚାଇବା ଲକ୍ଷ୍ୟ ରଖାଯାଇଛି । ବିଶେଷଜ୍ଞଙ୍କ ମତରେ ଆଗାମୀ ଦିନରେ ଡାଲି ଓ ତୈଳବୀଜ ଉତ୍ପାଦନ ବୃଦ୍ଧି ଦେଶକୁ ଆତ୍ମନିର୍ଭର କରିବ । ଦେଶରେ ଖାଦ୍ୟଶସ୍ୟ ଉତ୍ପାଦନ ନୂଆ ରେକର୍ଡ ସୃଷ୍ଟି କରିଛି ବୋଲି କେନ୍ଦ୍ର କୃଷି ମନ୍ତ୍ରୀ କହିଛନ୍ତି । ଚଳିତ ବର୍ଷ ଖରିଫ ଓ ରବି ଋତୁରେ ଚାଷୀମାନେ ଉନ୍ନତ ବିହନ ଓ ଆଧୁନିକ ପ୍ରଯୁକ୍ତି ବ୍ୟବହାର କରି ଅଧିକ ଉତ୍ପାଦନ କରିଛନ୍ତି । ସରକାର ଚାଷୀଙ୍କ ଆୟ ବୃଦ୍ଧି ପାଇଁ ବିଭିନ୍ନ ଯୋଜନା କାର୍ଯ୍ୟକାରୀ କରୁଛନ୍ତି ଏବଂ ଜଳସେଚନ ସୁବିଧା ସମ୍ପ୍ରସାରଣ ଉପରେ ଗୁରୁତ୍ୱ ଦେଉଛନ୍ତି । ଏହା ସହ ବଜାର ବ୍ୟବସ୍ଥା ସୁଦୃଢ଼ କରିବା ପାଇଁ ନୂଆ ପଦକ୍ଷେପ ନିଆଯାଉଛି । ରାଜ୍ୟ ସରକାରଙ୍କ ସହଯୋଗରେ ମୃତ୍ତିକା ପରୀକ୍ଷା, ଫସଲ ବୀମା ଓ ସହଜ ଋଣ ସୁବିଧା ଚାଷୀଙ୍କ ପାଖରେ ପହଞ୍ଚାଇବା ଲକ୍ଷ୍ୟ ରଖାଯାଇଛି । ବିଶେଷଜ୍ଞଙ୍କ ମତରେ ଆଗାମୀ ଦିନରେ ଡାଲି ଓ ତୈଳବୀଜ ଉତ୍ପାଦନ ବୃଦ୍ଧି ଦେଶକୁ ଆତ୍ମନିର୍ଭର କରିବ । ଦେଶରେ ଖାଦ୍ୟଶସ୍ୟ ଉତ୍ପାଦନ ନୂଆ ରେକର୍ଡ ସୃଷ୍ଟି କରିଛି ବୋଲି କେନ୍ଦ୍ର କୃଷି ମନ୍ତ୍ରୀ କହିଛନ୍ତି । ଚଳିତ ବର୍ଷ ଖରିଫ ଓ ରବି ଋତୁରେ ଚାଷୀମାନେ ଉନ୍ନତ ବିହନ ଓ ଆଧୁନିକ ପ୍ରଯୁକ୍ତି ବ୍ୟବହାର କରି ଅଧିକ ଉତ୍ପାଦନ କରିଛନ୍ତି । ସରକାର ଚାଷୀଙ୍କ ଆୟ ବୃଦ୍ଧି ପାଇଁ ବିଭିନ୍ନ ଯୋଜନା କାର୍ଯ୍ୟକାରୀ କରୁଛନ୍ତି ଏବଂ ଜଳସେଚନ ସୁବିଧା ସମ୍ପ୍ରସାରଣ ଉପରେ ଗୁରୁତ୍ୱ ଦେଉଛନ୍ତି । ଏହା ସହ ବଜାର ବ୍ୟବସ୍ଥା ସୁଦୃଢ଼ କରିବା ପାଇଁ ନୂଆ ପଦକ୍ଷେପ ନିଆଯାଉଛି । ରାଜ୍ୟ ସରକାରଙ୍କ ସହଯୋଗରେ ମୃତ୍ତିକା ପରୀକ୍ଷା, ଫସଲ ବୀମା ଓ ସହଜ ଋଣ ସୁବିଧା ଚାଷୀଙ୍କ ପାଖରେ ପହଞ୍ଚାଇବା ଲକ୍ଷ୍ୟ ରଖାଯାଇଛି । ବିଶେଷଜ୍ଞଙ୍କ ମତରେ ଆଗାମୀ ଦିନରେ ଡାଲି ଓ ତୈଳବୀଜ ଉତ୍ପାଦନ ବୃଦ୍ଧି ଦେଶକୁ ଆତ୍ମନିର୍ଭର କରିବ । ଦେଶରେ ଖାଦ୍ୟଶସ୍ୟ ଉତ୍ପାଦନ ନୂଆ ରେକର୍ଡ ସୃଷ୍ଟି କରିଛି ବୋଲି କେନ୍ଦ୍ର କୃଷି ମନ୍ତ୍ରୀ କହିଛନ୍ତି । ଚଳିତ ବର୍ଷ ଖରିଫ ଓ ରବି ଋତୁରେ ଚାଷୀମାନେ ଉନ୍ନତ ବିହନ ଓ ଆଧୁନିକ ପ୍ରଯୁକ୍ତି ବ୍ୟବହାର କରି ଅଧିକ ଉତ୍ପାଦନ କରିଛନ୍ତି । ସରକାର ଚାଷୀଙ୍କ ଆୟ ବୃଦ୍ଧି ପାଇଁ ବିଭିନ୍ନ ଯୋଜନା କାର୍ଯ୍ୟକାରୀ କରୁଛନ୍ତି ଏବଂ ଜଳସେଚନ ସୁବିଧା ସମ୍ପ୍ରସାରଣ
ଦେଶରେ ଖାଦ୍ୟଶସ୍ୟ ଉତ୍ପାଦନ ନୂଆ ରେକର୍ଡ ସୃଷ୍ଟି କରିଛି ବୋଲି କେନ୍ଦ୍ର କୃଷି ମନ୍ତ୍ରୀ କହିଛନ୍ତି । ଚଳିତ ବର୍ଷ ଖରିଫ ଓ ରବି ଋତୁରେ ଚାଷୀମାନେ ଉନ୍ନତ ବିହନ ଓ ଆଧୁନିକ ପ୍ରଯୁକ୍ତି ବ୍ୟବହାର କରି ଅଧିକ ଉତ୍ପାଦନ କରିଛନ୍ତି । ସରକାର ଚାଷୀଙ୍କ ଆୟ ବୃଦ୍ଧି ପାଇଁ ବିଭିନ୍ନ ଯୋଜନା କାର୍ଯ୍ୟକାରୀ କରୁଛନ୍ତି ଏବଂ ଜଳସେଚନ ସୁବିଧା ସମ୍ପ୍ରସାରଣ ଉପରେ ଗୁରୁତ୍ୱ ଦେଉଛନ୍ତି । ଏହା ସହ ବଜାର ବ୍ୟବସ୍ଥା ସୁଦୃଢ଼ କରିବା ପାଇଁ ନୂଆ ପଦକ୍ଷେପ ନିଆଯାଉଛି । ରାଜ୍ୟ ସରକାରଙ୍କ ସହଯୋଗରେ ମୃତ୍ତିକା ପରୀକ୍ଷା, ଫସଲ ବୀମା ଓ ସହଜ ଋଣ ସୁବିଧା ଚାଷୀଙ୍କ ପାଖରେ ପହଞ୍ଚାଇବା ଲକ୍ଷ୍ୟ ରଖାଯାଇଛି । ବିଶେଷଜ୍ଞଙ୍କ ମତରେ ଆଗାମୀ ଦିନରେ ଡାଲି ଓ ତୈଳବୀଜ ଉତ୍ପାଦନ ବୃଦ୍ଧି ଦେଶକୁ ଆତ୍ମନିର୍ଭର କରିବ । ଦେଶରେ ଖାଦ୍ୟଶସ୍ୟ ଉତ୍ପାଦନ ନୂଆ ରେକର୍ଡ ସୃଷ୍ଟି କରିଛି ବୋଲି କେନ୍ଦ୍ର କୃଷି ମନ୍ତ୍ରୀ କହିଛନ୍ତି । ଚଳିତ ବର୍ଷ ଖରିଫ ଓ ରବି ଋତୁରେ ଚାଷୀମାନେ ଉନ୍ନତ ବିହନ ଓ ଆଧୁନିକ ପ୍ରଯୁକ୍ତି ବ୍ୟବହାର କରି ଅଧିକ ଉତ୍ପାଦନ କରିଛନ୍ତି । ସରକାର ଚାଷୀଙ୍କ ଆୟ ବୃଦ୍ଧି ପାଇଁ ବିଭିନ୍ନ ଯୋଜନା କାର୍ଯ୍ୟକାରୀ କରୁଛନ୍ତି ଏବଂ ଜଳସେଚନ ସୁବିଧା ସମ୍ପ୍ରସାରଣ ଉପରେ ଗୁରୁତ୍ୱ ଦେଉଛନ୍ତି । ଏହା ସହ ବଜାର ବ୍ୟବସ୍ଥା ସୁଦୃଢ଼ କରିବା ପାଇଁ ନୂଆ ପଦକ୍ଷେପ ନିଆଯାଉଛି । ରାଜ୍ୟ ସରକାରଙ୍କ ସହଯୋଗରେ ମୃତ୍ତିକା ପରୀକ୍ଷା, ଫସଲ ବୀମା ଓ ସହଜ ଋଣ ସୁବିଧା ଚାଷୀଙ୍କ ପାଖରେ ପହଞ୍ଚାଇବା ଲକ୍ଷ୍ୟ ରଖାଯାଇଛି । ବିଶେଷଜ୍ଞଙ୍କ ମତରେ ଆଗାମୀ ଦିନରେ ଡାଲି ଓ ତୈଳବୀଜ ଉତ୍ପାଦନ ବୃଦ୍ଧି ଦେଶକୁ ଆତ୍ମନିର୍ଭର କରିବ । ଦେଶରେ ଖାଦ୍ୟଶସ୍ୟ ଉତ୍ପାଦନ ନୂଆ ରେକର୍ଡ ସୃଷ୍ଟି କରିଛି ବୋଲି କେନ୍ଦ୍ର କୃଷି ମନ୍ତ୍ରୀ କହିଛନ୍ତି । ଚଳିତ ବର୍ଷ ଖରିଫ ଓ ରବି ଋତୁରେ ଚାଷୀମାନେ ଉନ୍ନତ ବିହନ ଓ ଆଧୁନିକ ପ୍ରଯୁକ୍ତି ବ୍ୟବହାର କରି ଅଧିକ ଉତ୍ପାଦନ କରିଛନ୍ତି । ସରକାର ଚାଷୀଙ୍କ ଆୟ ବୃଦ୍ଧି ପାଇଁ ବିଭିନ୍ନ ଯୋଜନା କାର୍ଯ୍ୟକାରୀ କରୁଛନ୍ତି ଏବଂ ଜଳସେଚନ ସୁବିଧା ସମ୍ପ୍ରସାରଣ ଉପରେ ଗୁରୁତ୍ୱ ଦେଉଛନ୍ତି । ଏହା ସହ ବଜାର ବ୍ୟବସ୍ଥା ସୁଦୃଢ଼ କରିବା ପାଇଁ ନୂଆ ପଦକ୍ଷେପ ନିଆଯାଉଛି । ରାଜ୍ୟ ସରକାରଙ୍କ ସହଯୋଗରେ ମୃତ୍ତିକା ପରୀକ୍ଷା, ଫସଲ ବୀମା ଓ ସହଜ ଋଣ ସୁବିଧା ଚାଷୀଙ୍କ ପାଖରେ ପହଞ୍ଚାଇବା ଲକ୍ଷ୍ୟ ରଖାଯାଇଛି । ବିଶେଷଜ୍ଞଙ୍କ ମତରେ ଆଗାମୀ ଦିନରେ ଡାଲି ଓ ତୈଳବୀଜ ଉତ୍ପାଦନ ବୃଦ୍ଧି ଦେଶକୁ ଆତ୍ମନିର୍ଭର କରିବ । ଦେଶରେ ଖାଦ୍ୟଶସ୍ୟ ଉତ୍ପାଦନ ନୂଆ ରେକର୍ଡ ସୃଷ୍ଟି କରିଛି ବୋଲି କେନ୍ଦ୍ର କୃଷି ମନ୍ତ୍ରୀ କହିଛନ୍ତି । ଚଳିତ ବର୍ଷ ଖରିଫ ଓ ରବି ଋତୁରେ ଚାଷୀମାନେ ଉନ୍ନତ ବିହନ ଓ ଆଧୁନିକ ପ୍ରଯୁକ୍ତି ବ୍ୟବହାର କରି ଅଧିକ ଉତ୍ପାଦନ କରିଛନ୍ତି । ସରକାର ଚାଷୀଙ୍କ ଆୟ ବୃଦ୍ଧି ପାଇଁ ବିଭିନ୍ନ ଯୋଜନା କାର୍ଯ୍ୟକାରୀ କରୁଛନ୍ତି ଏବଂ ଜଳସେଚନ ସୁବିଧା ସମ୍ପ୍ରସାରଣ ଉପରେ ଗୁରୁତ୍ୱ ଦେଉଛନ୍ତି । ଏହା ସହ ବଜାର ବ୍ୟବସ୍ଥା ସୁଦୃଢ଼ କରିବା ପାଇଁ ନୂଆ ପଦକ୍ଷେପ ନିଆଯାଉଛି । ରାଜ୍ୟ ସରକାରଙ୍କ ସହଯୋଗରେ ମୃତ୍ତିକା ପରୀକ୍ଷା, ଫସଲ ବୀମା ଓ ସହଜ ଋଣ ସୁବିଧା ଚାଷୀଙ୍କ ପାଖରେ ପହଞ୍ଚାଇବା ଲକ୍ଷ୍ୟ ରଖାଯାଇଛି । ବିଶେଷଜ୍ଞଙ୍କ ମତରେ ଆଗାମୀ ଦିନରେ ଡାଲି ଓ ତୈଳବୀଜ ଉତ୍ପାଦନ ବୃଦ୍ଧି ଦେଶକୁ ଆତ୍ମନିର୍ଭର କରିବ । ଦେଶରେ ଖାଦ୍ୟଶସ୍ୟ ଉତ୍ପାଦନ ନୂଆ ରେକର୍ଡ ସୃଷ୍ଟି କରିଛି ବୋଲି କେନ୍ଦ୍ର କୃଷି ମନ୍ତ୍ରୀ କହିଛନ୍ତି । ଚଳିତ ବର୍ଷ ଖରିଫ ଓ ରବି ଋତୁରେ ଚାଷୀମାନେ ଉନ୍ନତ ବିହନ ଓ ଆଧୁନିକ ପ୍ରଯୁକ୍ତି ବ୍ୟବହାର କରି ଅଧିକ ଉତ୍ପାଦନ କରିଛନ୍ତି । ସରକାର ଚାଷୀଙ୍କ ଆୟ ବୃଦ୍ଧି ପାଇଁ ବିଭିନ୍ନ ଯୋଜନା କାର୍ଯ୍ୟକାରୀ କରୁଛନ୍ତି ଏବଂ ଜଳସେଚନ ସୁବିଧା ସମ୍ପ୍ରସାରଣ
ଦେଶରେ ଖାଦ୍ୟଶସ୍ୟ ଉତ୍ପାଦନ ନୂଆ ରେକର୍ଡ ସୃଷ୍ଟି କରିଛି ବୋଲି କେନ୍ଦ୍ର କୃଷି ମନ୍ତ୍ରୀ କହିଛନ୍ତି । ଚଳିତ ବର୍ଷ ଖରିଫ ଓ ରବି ଋତୁରେ ଚାଷୀମାନେ ଉନ୍ନତ ବିହନ ଓ ଆଧୁନିକ ପ୍ରଯୁକ୍ତି ବ୍ୟବହାର କରି ଅଧିକ ଉତ୍ପାଦନ କରିଛନ୍ତି । ସରକାର ଚାଷୀଙ୍କ ଆୟ ବୃଦ୍ଧି ପାଇଁ ବିଭିନ୍ନ ଯୋଜନା କାର୍ଯ୍ୟକାରୀ କରୁଛନ୍ତି ଏବଂ ଜଳସେଚନ ସୁବିଧା ସମ୍ପ୍ରସାରଣ ଉପରେ ଗୁରୁତ୍ୱ ଦେଉଛନ୍ତି । ଏହା ସହ ବଜାର ବ୍ୟବସ୍ଥା ସୁଦୃଢ଼ କରିବା ପାଇଁ ନୂଆ ପଦକ୍ଷେପ ନିଆଯାଉଛି । ରାଜ୍ୟ ସରକାରଙ୍କ ସହଯୋଗରେ ମୃତ୍ତିକା ପରୀକ୍ଷା, ଫସଲ ବୀମା ଓ ସହଜ ଋଣ ସୁବିଧା ଚାଷୀଙ୍କ ପାଖରେ ପହଞ୍ଚାଇବା ଲକ୍ଷ୍ୟ ରଖାଯାଇଛି । ବିଶେଷଜ୍ଞଙ୍କ ମତରେ ଆଗାମୀ ଦିନରେ ଡାଲି ଓ ତୈଳବୀଜ ଉତ୍ପାଦନ ବୃଦ୍ଧି ଦେଶକୁ ଆତ୍ମନିର୍ଭର କରିବ । ଦେଶରେ ଖାଦ୍ୟଶସ୍ୟ ଉତ୍ପାଦନ ନୂଆ ରେକର୍ଡ ସୃଷ୍ଟି କରିଛି ବୋଲି କେନ୍ଦ୍ର କୃଷି ମନ୍ତ୍ରୀ କହିଛନ୍ତି । ଚଳିତ ବର୍ଷ ଖରିଫ ଓ ରବି ଋତୁରେ ଚାଷୀମାନେ ଉନ୍ନତ ବିହନ ଓ ଆଧୁନିକ ପ୍ରଯୁକ୍ତି ବ୍ୟବହାର କରି ଅଧିକ ଉତ୍ପାଦନ କରିଛନ୍ତି । ସରକାର ଚାଷୀଙ୍କ ଆୟ ବୃଦ୍ଧି ପାଇଁ ବିଭିନ୍ନ ଯୋଜନା କାର୍ଯ୍ୟକାରୀ କରୁଛନ୍ତି ଏବଂ ଜଳସେଚନ ସୁବିଧା ସମ୍ପ୍ରସାରଣ ଉପରେ ଗୁରୁତ୍ୱ ଦେଉଛନ୍ତି । ଏହା ସହ ବଜାର ବ୍ୟବସ୍ଥା ସୁଦୃଢ଼ କରିବା ପାଇଁ ନୂଆ ପଦକ୍ଷେପ ନିଆଯାଉଛି । ରାଜ୍ୟ ସରକାରଙ୍କ ସହଯୋଗରେ ମୃତ୍ତିକା ପରୀକ୍ଷା, ଫସଲ ବୀମା ଓ ସହଜ ଋଣ ସୁବିଧା ଚାଷୀଙ୍କ ପାଖରେ ପହଞ୍ଚାଇବା ଲକ୍ଷ୍ୟ ରଖାଯାଇଛି । ବିଶେଷଜ୍ଞଙ୍କ ମତରେ ଆଗାମୀ ଦିନରେ ଡାଲି ଓ ତୈଳବୀଜ ଉତ୍ପାଦନ ବୃଦ୍ଧି ଦେଶକୁ ଆତ୍ମନିର୍ଭର କରିବ । ଦେଶରେ ଖାଦ୍ୟଶସ୍ୟ ଉତ୍ପାଦନ ନୂଆ ରେକର୍ଡ ସୃଷ୍ଟି କରିଛି ବୋଲି କେନ୍ଦ୍ର କୃଷି ମନ୍ତ୍ରୀ କହିଛନ୍ତି । ଚଳିତ ବର୍ଷ ଖରିଫ ଓ ରବି ଋତୁରେ ଚାଷୀମାନେ ଉନ୍ନତ ବିହନ ଓ ଆଧୁନିକ ପ୍ରଯୁକ୍ତି ବ୍ୟବହାର କରି ଅଧିକ ଉତ୍ପାଦନ କରିଛନ୍ତି । ସରକାର ଚାଷୀଙ୍କ ଆୟ ବୃଦ୍ଧି ପାଇଁ ବିଭିନ୍ନ ଯୋଜନା କାର୍ଯ୍ୟକାରୀ କରୁଛନ୍ତି ଏବଂ ଜଳସେଚନ ସୁବିଧା ସମ୍ପ୍ରସାରଣ ଉପରେ ଗୁରୁତ୍ୱ ଦେଉଛନ୍ତି । ଏହା ସହ ବଜାର ବ୍ୟବସ୍ଥା ସୁଦୃଢ଼ କରିବା ପାଇଁ ନୂଆ ପଦକ୍ଷେପ ନିଆଯାଉଛି । ରାଜ୍ୟ ସରକାରଙ୍କ ସହଯୋଗରେ ମୃତ୍ତିକା ପରୀକ୍ଷା, ଫସଲ ବୀମା ଓ ସହଜ ଋଣ ସୁବିଧା ଚାଷୀଙ୍କ ପାଖରେ ପହଞ୍ଚାଇବା ଲକ୍ଷ୍ୟ ରଖାଯାଇଛି । ବିଶେଷଜ୍ଞଙ୍କ ମତରେ ଆଗାମୀ ଦିନରେ ଡାଲି ଓ ତୈଳବୀଜ ଉତ୍ପାଦନ ବୃଦ୍ଧି ଦେଶକୁ ଆତ୍ମନିର୍ଭର କରିବ । ଦେଶରେ ଖାଦ୍ୟଶସ୍ୟ ଉତ୍ପାଦନ ନୂଆ ରେକର୍ଡ ସୃଷ୍ଟି କରିଛି ବୋଲି କେନ୍ଦ୍ର କୃଷି ମନ୍ତ୍ରୀ କହିଛନ୍ତି । ଚଳିତ ବର୍ଷ ଖରିଫ ଓ ରବି ଋତୁରେ ଚାଷୀମାନେ ଉନ୍ନତ ବିହନ ଓ ଆଧୁନିକ ପ୍ରଯୁକ୍ତି ବ୍ୟବହାର କରି ଅଧିକ ଉତ୍ପାଦନ କରିଛନ୍ତି । ସରକାର ଚାଷୀଙ୍କ ଆୟ ବୃଦ୍ଧି ପାଇଁ ବିଭିନ୍ନ ଯୋଜନା କାର୍ଯ୍ୟକାରୀ କରୁଛନ୍ତି ଏବଂ ଜଳସେଚନ ସୁବିଧା ସମ୍ପ୍ରସାରଣ ଉପରେ ଗୁରୁତ୍ୱ ଦେଉଛନ୍ତି । ଏହା ସହ ବଜାର ବ୍ୟବସ୍ଥା ସୁଦୃଢ଼ କରିବା ପାଇଁ ନୂଆ ପଦକ୍ଷେପ ନିଆଯାଉଛି । ରାଜ୍ୟ ସରକାରଙ୍କ ସହଯୋଗରେ ମୃତ୍ତିକା ପରୀକ୍ଷା, ଫସଲ ବୀମା ଓ ସହଜ ଋଣ ସୁବିଧା ଚାଷୀଙ୍କ ପାଖରେ ପହଞ୍ଚାଇବା ଲକ୍ଷ୍ୟ ରଖାଯାଇଛି । ବିଶେଷଜ୍ଞଙ୍କ ମତରେ ଆଗାମୀ ଦିନରେ ଡାଲି ଓ ତୈଳବୀଜ ଉତ୍ପାଦନ ବୃଦ୍ଧି ଦେଶକୁ ଆତ୍ମନିର୍ଭର କରିବ । ଦେଶରେ ଖାଦ୍ୟଶସ୍ୟ ଉତ୍ପାଦନ ନୂଆ ରେକର୍ଡ ସୃଷ୍ଟି କରିଛି ବୋଲି କେନ୍ଦ୍ର କୃଷି ମନ୍ତ୍ରୀ କହିଛନ୍ତି । ଚଳିତ ବର୍ଷ ଖରିଫ ଓ ରବି ଋତୁରେ ଚାଷୀମାନେ
